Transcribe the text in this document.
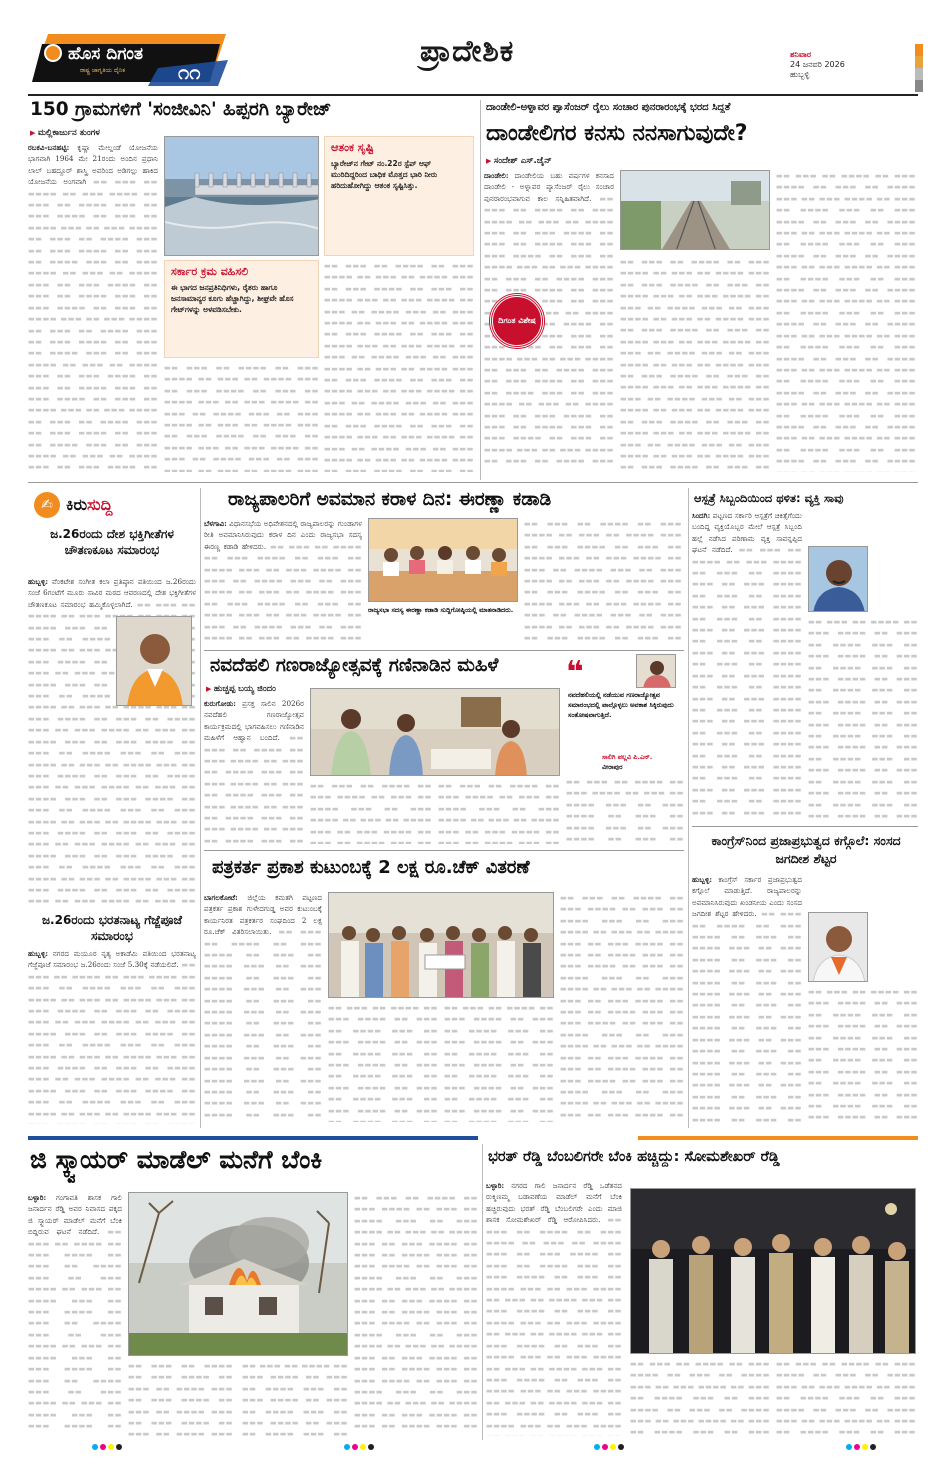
ಹೊಸ ದಿಗಂತ
ರಾಷ್ಟ್ರ ಜಾಗೃತಿಯ ದೈನಿಕ	೧೧
ಪ್ರಾದೇಶಿಕ	ಶನಿವಾರ
24 ಜನವರಿ 2026
ಹುಬ್ಬಳ್ಳಿ
150 ಗ್ರಾಮಗಳಿಗೆ 'ಸಂಜೀವಿನಿ' ಹಿಪ್ಪರಗಿ ಬ್ಯಾರೇಜ್
▶ ಮಲ್ಲಿಕಾರ್ಜುನ ತುಂಗಳ
ರಬಕವಿ-ಬನಹಟ್ಟಿ: ಕೃಷ್ಣಾ ಮೇಲ್ದಂಡೆ ಯೋಜನೆಯ ಭಾಗವಾಗಿ 1964 ಮೇ 21ರಂದು ಅಂದಿನ ಪ್ರಧಾನಿ ಲಾಲ್ ಬಹದ್ದೂರ್ ಶಾಸ್ತ್ರಿ ಅವರಿಂದ ಅಡಿಗಲ್ಲು ಹಾಕಿದ ಯೋಜನೆಯ ಅಂಗವಾಗಿ ▬▬ ▬▬▬ ▬▬ ▬▬▬▬ ▬▬ ▬▬▬ ▬▬▬▬ ▬▬ ▬▬▬ ▬▬ ▬▬▬▬ ▬▬▬ ▬▬ ▬▬▬ ▬▬▬▬ ▬▬ ▬▬▬ ▬▬ ▬▬▬▬ ▬▬▬ ▬▬ ▬▬▬ ▬▬▬▬ ▬▬ ▬▬▬ ▬▬ ▬▬▬▬ ▬▬▬ ▬▬ ▬▬▬ ▬▬▬▬ ▬▬ ▬▬▬ ▬▬ ▬▬▬▬ ▬▬▬ ▬▬ ▬▬▬ ▬▬▬▬ ▬▬ ▬▬▬ ▬▬ ▬▬▬▬ ▬▬▬ ▬▬ ▬▬▬ ▬▬▬▬ ▬▬ ▬▬▬ ▬▬ ▬▬▬▬ ▬▬▬ ▬▬ ▬▬▬ ▬▬▬▬ ▬▬ ▬▬▬ ▬▬ ▬▬▬▬ ▬▬▬ ▬▬ ▬▬▬ ▬▬▬▬ ▬▬ ▬▬▬ ▬▬ ▬▬▬▬ ▬▬▬ ▬▬ ▬▬▬ ▬▬▬▬ ▬▬ ▬▬▬ ▬▬ ▬▬▬▬ ▬▬▬ ▬▬ ▬▬▬ ▬▬▬▬ ▬▬ ▬▬▬ ▬▬ ▬▬▬▬ ▬▬▬ ▬▬ ▬▬▬ ▬▬▬▬ ▬▬ ▬▬▬ ▬▬ ▬▬▬▬ ▬▬▬ ▬▬ ▬▬▬ ▬▬▬▬ ▬▬ ▬▬▬ ▬▬ ▬▬▬▬ ▬▬▬ ▬▬ ▬▬▬ ▬▬▬▬ ▬▬ ▬▬▬ ▬▬ ▬▬▬▬ ▬▬▬ ▬▬ ▬▬▬ ▬▬▬▬ ▬▬ ▬▬▬ ▬▬ ▬▬▬▬ ▬▬▬ ▬▬ ▬▬▬ ▬▬▬▬ ▬▬ ▬▬▬ ▬▬ ▬▬▬▬ ▬▬▬ ▬▬ ▬▬▬ ▬▬▬▬ ▬▬ ▬▬▬ ▬▬ ▬▬▬▬ ▬▬▬ ▬▬ ▬▬▬ ▬▬▬▬ ▬▬ ▬▬▬ ▬▬ ▬▬▬▬ ▬▬▬ ▬▬ ▬▬▬ ▬▬▬▬ ▬▬ ▬▬▬ ▬▬ ▬▬▬▬ ▬▬▬ ▬▬ ▬▬▬ ▬▬▬▬ ▬▬ ▬▬▬ ▬▬ ▬▬▬▬ ▬▬▬ ▬▬ ▬▬▬ ▬▬▬▬ ▬▬ ▬▬▬ ▬▬ ▬▬▬▬ ▬▬▬ ▬▬ ▬▬▬ ▬▬▬▬ ▬▬ ▬▬▬ ▬▬ ▬▬▬▬ ▬▬▬ ▬▬ ▬▬▬ ▬▬▬▬ ▬▬ ▬▬▬ ▬▬ ▬▬▬▬ ▬▬▬ ▬▬ ▬▬▬ ▬▬▬▬ ▬▬ ▬▬▬ ▬▬ ▬▬▬▬
ಆತಂಕ ಸೃಷ್ಟಿ
ಬ್ಯಾರೇಜ್‌ನ ಗೇಟ್ ನಂ.22ರ ಸ್ಟೆಪ್ ಆಫ್ ಮುರಿದಿದ್ದರಿಂದ ಬಾಧಿಕ ಮೊತ್ತದ ಭಾರಿ ನೀರು ಹರಿದುಹೋಗಿದ್ದು ಆತಂಕ ಸೃಷ್ಟಿಸಿತ್ತು.
ಸರ್ಕಾರ ಕ್ರಮ ವಹಿಸಲಿ
ಈ ಭಾಗದ ಜನಪ್ರತಿನಿಧಿಗಳು, ರೈತರು ಹಾಗೂ ಜನಸಾಮಾನ್ಯರ ಕೂಗು ಹೆಚ್ಚಾಗಿದ್ದು, ಶೀಘ್ರವೇ ಹೊಸ ಗೇಟ್‌ಗಳನ್ನು ಅಳವಡಿಸಬೇಕು.
▬▬ ▬▬▬ ▬▬ ▬▬▬▬ ▬▬ ▬▬▬ ▬▬▬▬ ▬▬ ▬▬▬ ▬▬ ▬▬▬▬ ▬▬▬ ▬▬ ▬▬▬ ▬▬▬▬ ▬▬ ▬▬▬ ▬▬ ▬▬▬▬ ▬▬▬ ▬▬ ▬▬▬ ▬▬▬▬ ▬▬ ▬▬▬ ▬▬ ▬▬▬▬ ▬▬▬ ▬▬ ▬▬▬ ▬▬▬▬ ▬▬ ▬▬▬ ▬▬ ▬▬▬▬ ▬▬▬ ▬▬ ▬▬▬ ▬▬▬▬ ▬▬ ▬▬▬ ▬▬ ▬▬▬▬ ▬▬▬ ▬▬ ▬▬▬ ▬▬▬▬ ▬▬ ▬▬▬ ▬▬ ▬▬▬▬ ▬▬▬ ▬▬ ▬▬▬ ▬▬▬▬ ▬▬ ▬▬▬ ▬▬ ▬▬▬▬ ▬▬▬ ▬▬ ▬▬▬ ▬▬▬▬ ▬▬ ▬▬▬ ▬▬ ▬▬▬▬ ▬▬▬ ▬▬ ▬▬▬ ▬▬▬▬ ▬▬ ▬▬▬ ▬▬ ▬▬▬▬ ▬▬▬ ▬▬ ▬▬▬ ▬▬▬▬ ▬▬ ▬▬▬ ▬▬ ▬▬▬▬ ▬▬▬ ▬▬ ▬▬▬ ▬▬▬▬ ▬▬ ▬▬▬ ▬▬ ▬▬▬▬ ▬▬▬ ▬▬ ▬▬▬ ▬▬▬▬ ▬▬ ▬▬▬ ▬▬ ▬▬▬▬ ▬▬▬ ▬▬ ▬▬▬ ▬▬▬▬ ▬▬ ▬▬▬ ▬▬ ▬▬▬▬ ▬▬▬ ▬▬ ▬▬▬ ▬▬▬▬ ▬▬ ▬▬▬ ▬▬ ▬▬▬▬ ▬▬▬ ▬▬ ▬▬▬ ▬▬▬▬ ▬▬ ▬▬▬ ▬▬ ▬▬▬▬ ▬▬▬ ▬▬ ▬▬▬ ▬▬▬▬ ▬▬ ▬▬▬ ▬▬ ▬▬▬▬ ▬▬▬ ▬▬ ▬▬▬ ▬▬▬▬ ▬▬ ▬▬▬ ▬▬ ▬▬▬▬ ▬▬▬ ▬▬ ▬▬▬ ▬▬▬▬ ▬▬ ▬▬▬ ▬▬ ▬▬▬▬ ▬▬▬ ▬▬ ▬▬▬ ▬▬▬▬ ▬▬ ▬▬▬ ▬▬ ▬▬▬▬ ▬▬▬ ▬▬ ▬▬▬ ▬▬▬▬ ▬▬ ▬▬▬ ▬▬ ▬▬▬▬ ▬▬▬ ▬▬ ▬▬▬ ▬▬▬▬ ▬▬ ▬▬▬ ▬▬ ▬▬▬▬ ▬▬▬ ▬▬ ▬▬▬ ▬▬▬▬ ▬▬ ▬▬▬ ▬▬ ▬▬▬▬ ▬▬▬ ▬▬ ▬▬▬ ▬▬▬▬ ▬▬ ▬▬▬ ▬▬ ▬▬▬▬
▬▬ ▬▬▬ ▬▬ ▬▬▬▬ ▬▬ ▬▬▬ ▬▬▬▬ ▬▬ ▬▬▬ ▬▬ ▬▬▬▬ ▬▬▬ ▬▬ ▬▬▬ ▬▬▬▬ ▬▬ ▬▬▬ ▬▬ ▬▬▬▬ ▬▬▬ ▬▬ ▬▬▬ ▬▬▬▬ ▬▬ ▬▬▬ ▬▬ ▬▬▬▬ ▬▬▬ ▬▬ ▬▬▬ ▬▬▬▬ ▬▬ ▬▬▬ ▬▬ ▬▬▬▬ ▬▬▬ ▬▬ ▬▬▬ ▬▬▬▬ ▬▬ ▬▬▬ ▬▬ ▬▬▬▬ ▬▬▬ ▬▬ ▬▬▬ ▬▬▬▬ ▬▬ ▬▬▬ ▬▬ ▬▬▬▬ ▬▬▬ ▬▬ ▬▬▬ ▬▬▬▬ ▬▬ ▬▬▬ ▬▬ ▬▬▬▬ ▬▬▬ ▬▬ ▬▬▬ ▬▬▬▬ ▬▬ ▬▬▬ ▬▬ ▬▬▬▬ ▬▬▬ ▬▬ ▬▬▬ ▬▬▬▬ ▬▬ ▬▬▬ ▬▬ ▬▬▬▬ ▬▬▬ ▬▬ ▬▬▬ ▬▬▬▬ ▬▬ ▬▬▬ ▬▬ ▬▬▬▬ ▬▬▬ ▬▬ ▬▬▬ ▬▬▬▬ ▬▬ ▬▬▬ ▬▬ ▬▬▬▬ ▬▬▬ ▬▬ ▬▬▬ ▬▬▬▬ ▬▬ ▬▬▬ ▬▬ ▬▬▬▬ ▬▬▬ ▬▬ ▬▬▬ ▬▬▬▬ ▬▬ ▬▬▬ ▬▬ ▬▬▬▬ ▬▬▬ ▬▬ ▬▬▬ ▬▬▬▬ ▬▬ ▬▬▬ ▬▬ ▬▬▬▬ ▬▬▬ ▬▬ ▬▬▬ ▬▬▬▬ ▬▬ ▬▬▬ ▬▬ ▬▬▬▬ ▬▬▬ ▬▬ ▬▬▬ ▬▬▬▬ ▬▬ ▬▬▬ ▬▬ ▬▬▬▬ ▬▬▬ ▬▬ ▬▬▬ ▬▬▬▬ ▬▬ ▬▬▬ ▬▬ ▬▬▬▬ ▬▬▬ ▬▬ ▬▬▬ ▬▬▬▬ ▬▬ ▬▬▬ ▬▬ ▬▬▬▬ ▬▬▬ ▬▬ ▬▬▬ ▬▬▬▬ ▬▬ ▬▬▬ ▬▬ ▬▬▬▬ ▬▬▬ ▬▬ ▬▬▬ ▬▬▬▬ ▬▬ ▬▬▬ ▬▬ ▬▬▬▬ ▬▬▬ ▬▬ ▬▬▬ ▬▬▬▬ ▬▬ ▬▬▬ ▬▬ ▬▬▬▬ ▬▬▬ ▬▬ ▬▬▬ ▬▬▬▬ ▬▬ ▬▬▬ ▬▬ ▬▬▬▬ ▬▬▬ ▬▬ ▬▬▬ ▬▬▬▬ ▬▬ ▬▬▬ ▬▬ ▬▬▬▬
ದಾಂಡೇಲಿ-ಅಳ್ನಾವರ ಪ್ಯಾಸೆಂಜರ್ ರೈಲು ಸಂಚಾರ ಪುನರಾರಂಭಕ್ಕೆ ಭರದ ಸಿದ್ಧತೆ
ದಾಂಡೇಲಿಗರ ಕನಸು ನನಸಾಗುವುದೇ?
▶ ಸಂದೇಶ್ ಎಸ್.ಜೈನ್
ದಾಂಡೇಲಿ: ದಾಂಡೇಲಿಯ ಬಹು ವರ್ಷಗಳ ಕನಸಾದ ದಾಂಡೇಲಿ - ಅಳ್ನಾವರ ಪ್ಯಾಸೆಂಜರ್ ರೈಲು ಸಂಚಾರ ಪುನರಾರಂಭವಾಗುವ ಕಾಲ ಸನ್ನಿಹಿತವಾಗಿದೆ. ▬▬ ▬▬▬ ▬▬ ▬▬▬▬ ▬▬ ▬▬▬ ▬▬▬▬ ▬▬ ▬▬▬ ▬▬ ▬▬▬▬ ▬▬▬ ▬▬ ▬▬▬ ▬▬▬▬ ▬▬ ▬▬▬ ▬▬ ▬▬▬▬ ▬▬▬ ▬▬ ▬▬▬ ▬▬▬▬ ▬▬ ▬▬▬ ▬▬ ▬▬▬▬ ▬▬▬ ▬▬ ▬▬▬ ▬▬▬▬ ▬▬ ▬▬▬ ▬▬ ▬▬▬▬ ▬▬▬ ▬▬ ▬▬▬ ▬▬▬▬ ▬▬ ▬▬▬ ▬▬ ▬▬▬▬ ▬▬▬ ▬▬ ▬▬▬ ▬▬▬▬ ▬▬ ▬▬▬ ▬▬ ▬▬▬▬ ▬▬▬ ▬▬ ▬▬▬ ▬▬▬▬ ▬▬ ▬▬▬ ▬▬ ▬▬▬▬ ▬▬▬ ▬▬ ▬▬▬ ▬▬▬▬ ▬▬ ▬▬▬ ▬▬ ▬▬▬▬ ▬▬▬ ▬▬ ▬▬▬ ▬▬▬▬ ▬▬ ▬▬▬ ▬▬ ▬▬▬▬ ▬▬▬ ▬▬ ▬▬▬ ▬▬▬▬ ▬▬ ▬▬▬ ▬▬ ▬▬▬▬ ▬▬▬ ▬▬ ▬▬▬ ▬▬▬▬ ▬▬ ▬▬▬ ▬▬ ▬▬▬▬ ▬▬▬ ▬▬ ▬▬▬ ▬▬▬▬ ▬▬ ▬▬▬ ▬▬ ▬▬▬▬ ▬▬▬ ▬▬ ▬▬▬ ▬▬▬▬ ▬▬ ▬▬▬ ▬▬ ▬▬▬▬ ▬▬▬ ▬▬ ▬▬▬ ▬▬▬▬ ▬▬ ▬▬▬ ▬▬ ▬▬▬▬ ▬▬▬ ▬▬ ▬▬▬ ▬▬▬▬ ▬▬ ▬▬▬ ▬▬ ▬▬▬▬ ▬▬▬ ▬▬ ▬▬▬ ▬▬▬▬ ▬▬ ▬▬▬ ▬▬ ▬▬▬▬ ▬▬▬ ▬▬ ▬▬▬ ▬▬▬▬ ▬▬ ▬▬▬ ▬▬ ▬▬▬▬ ▬▬▬ ▬▬ ▬▬▬ ▬▬▬▬ ▬▬ ▬▬▬ ▬▬ ▬▬▬▬ ▬▬▬ ▬▬ ▬▬▬ ▬▬▬▬ ▬▬ ▬▬▬ ▬▬ ▬▬▬▬ ▬▬▬ ▬▬ ▬▬▬ ▬▬▬▬ ▬▬ ▬▬▬ ▬▬ ▬▬▬▬ ▬▬▬ ▬▬ ▬▬▬ ▬▬▬▬ ▬▬ ▬▬▬ ▬▬ ▬▬▬▬ ▬▬▬ ▬▬ ▬▬▬ ▬▬▬▬ ▬▬ ▬▬▬ ▬▬ ▬▬▬▬ ▬▬▬ ▬▬ ▬▬▬ ▬▬▬▬ ▬▬ ▬▬▬ ▬▬ ▬▬▬▬
ದಿಗಂತ ವಿಶೇಷ
▬▬ ▬▬▬ ▬▬ ▬▬▬▬ ▬▬ ▬▬▬ ▬▬▬▬ ▬▬ ▬▬▬ ▬▬ ▬▬▬▬ ▬▬▬ ▬▬ ▬▬▬ ▬▬▬▬ ▬▬ ▬▬▬ ▬▬ ▬▬▬▬ ▬▬▬ ▬▬ ▬▬▬ ▬▬▬▬ ▬▬ ▬▬▬ ▬▬ ▬▬▬▬ ▬▬▬ ▬▬ ▬▬▬ ▬▬▬▬ ▬▬ ▬▬▬ ▬▬ ▬▬▬▬ ▬▬▬ ▬▬ ▬▬▬ ▬▬▬▬ ▬▬ ▬▬▬ ▬▬ ▬▬▬▬ ▬▬▬ ▬▬ ▬▬▬ ▬▬▬▬ ▬▬ ▬▬▬ ▬▬ ▬▬▬▬ ▬▬▬ ▬▬ ▬▬▬ ▬▬▬▬ ▬▬ ▬▬▬ ▬▬ ▬▬▬▬ ▬▬▬ ▬▬ ▬▬▬ ▬▬▬▬ ▬▬ ▬▬▬ ▬▬ ▬▬▬▬ ▬▬▬ ▬▬ ▬▬▬ ▬▬▬▬ ▬▬ ▬▬▬ ▬▬ ▬▬▬▬ ▬▬▬ ▬▬ ▬▬▬ ▬▬▬▬ ▬▬ ▬▬▬ ▬▬ ▬▬▬▬ ▬▬▬ ▬▬ ▬▬▬ ▬▬▬▬ ▬▬ ▬▬▬ ▬▬ ▬▬▬▬ ▬▬▬ ▬▬ ▬▬▬ ▬▬▬▬ ▬▬ ▬▬▬ ▬▬ ▬▬▬▬ ▬▬▬ ▬▬ ▬▬▬ ▬▬▬▬ ▬▬ ▬▬▬ ▬▬ ▬▬▬▬ ▬▬▬ ▬▬ ▬▬▬ ▬▬▬▬ ▬▬ ▬▬▬ ▬▬ ▬▬▬▬ ▬▬▬ ▬▬ ▬▬▬ ▬▬▬▬ ▬▬ ▬▬▬ ▬▬ ▬▬▬▬ ▬▬▬ ▬▬ ▬▬▬ ▬▬▬▬ ▬▬ ▬▬▬ ▬▬ ▬▬▬▬ ▬▬▬ ▬▬ ▬▬▬ ▬▬▬▬ ▬▬ ▬▬▬ ▬▬ ▬▬▬▬ ▬▬▬ ▬▬ ▬▬▬ ▬▬▬▬ ▬▬ ▬▬▬ ▬▬ ▬▬▬▬ ▬▬▬ ▬▬ ▬▬▬ ▬▬▬▬ ▬▬ ▬▬▬ ▬▬ ▬▬▬▬ ▬▬▬ ▬▬ ▬▬▬ ▬▬▬▬ ▬▬ ▬▬▬ ▬▬ ▬▬▬▬ ▬▬▬ ▬▬ ▬▬▬ ▬▬▬▬ ▬▬ ▬▬▬ ▬▬ ▬▬▬▬ ▬▬▬ ▬▬ ▬▬▬ ▬▬▬▬ ▬▬ ▬▬▬ ▬▬ ▬▬▬▬ ▬▬▬ ▬▬ ▬▬▬ ▬▬▬▬ ▬▬ ▬▬▬ ▬▬ ▬▬▬▬
▬▬ ▬▬▬ ▬▬ ▬▬▬▬ ▬▬ ▬▬▬ ▬▬▬▬ ▬▬ ▬▬▬ ▬▬ ▬▬▬▬ ▬▬▬ ▬▬ ▬▬▬ ▬▬▬▬ ▬▬ ▬▬▬ ▬▬ ▬▬▬▬ ▬▬▬ ▬▬ ▬▬▬ ▬▬▬▬ ▬▬ ▬▬▬ ▬▬ ▬▬▬▬ ▬▬▬ ▬▬ ▬▬▬ ▬▬▬▬ ▬▬ ▬▬▬ ▬▬ ▬▬▬▬ ▬▬▬ ▬▬ ▬▬▬ ▬▬▬▬ ▬▬ ▬▬▬ ▬▬ ▬▬▬▬ ▬▬▬ ▬▬ ▬▬▬ ▬▬▬▬ ▬▬ ▬▬▬ ▬▬ ▬▬▬▬ ▬▬▬ ▬▬ ▬▬▬ ▬▬▬▬ ▬▬ ▬▬▬ ▬▬ ▬▬▬▬ ▬▬▬ ▬▬ ▬▬▬ ▬▬▬▬ ▬▬ ▬▬▬ ▬▬ ▬▬▬▬ ▬▬▬ ▬▬ ▬▬▬ ▬▬▬▬ ▬▬ ▬▬▬ ▬▬ ▬▬▬▬ ▬▬▬ ▬▬ ▬▬▬ ▬▬▬▬ ▬▬ ▬▬▬ ▬▬ ▬▬▬▬ ▬▬▬ ▬▬ ▬▬▬ ▬▬▬▬ ▬▬ ▬▬▬ ▬▬ ▬▬▬▬ ▬▬▬ ▬▬ ▬▬▬ ▬▬▬▬ ▬▬ ▬▬▬ ▬▬ ▬▬▬▬ ▬▬▬ ▬▬ ▬▬▬ ▬▬▬▬ ▬▬ ▬▬▬ ▬▬ ▬▬▬▬ ▬▬▬ ▬▬ ▬▬▬ ▬▬▬▬ ▬▬ ▬▬▬ ▬▬ ▬▬▬▬ ▬▬▬ ▬▬ ▬▬▬ ▬▬▬▬ ▬▬ ▬▬▬ ▬▬ ▬▬▬▬ ▬▬▬ ▬▬ ▬▬▬ ▬▬▬▬ ▬▬ ▬▬▬ ▬▬ ▬▬▬▬ ▬▬▬ ▬▬ ▬▬▬ ▬▬▬▬ ▬▬ ▬▬▬ ▬▬ ▬▬▬▬ ▬▬▬ ▬▬ ▬▬▬ ▬▬▬▬ ▬▬ ▬▬▬ ▬▬ ▬▬▬▬ ▬▬▬ ▬▬ ▬▬▬ ▬▬▬▬ ▬▬ ▬▬▬ ▬▬ ▬▬▬▬ ▬▬▬ ▬▬ ▬▬▬ ▬▬▬▬ ▬▬ ▬▬▬ ▬▬ ▬▬▬▬ ▬▬▬ ▬▬ ▬▬▬ ▬▬▬▬ ▬▬ ▬▬▬ ▬▬ ▬▬▬▬ ▬▬▬ ▬▬ ▬▬▬ ▬▬▬▬ ▬▬ ▬▬▬ ▬▬ ▬▬▬▬ ▬▬▬ ▬▬ ▬▬▬ ▬▬▬▬ ▬▬ ▬▬▬ ▬▬ ▬▬▬▬
✍ ಕಿರುಸುದ್ದಿ
ಜ.26ರಂದು ದೇಶ ಭಕ್ತಿಗೀತೆಗಳ ಚೌತಣಕೂಟ ಸಮಾರಂಭ
ಹುಬ್ಬಳ್ಳಿ: ವೆಂಕಟೇಶ ಸಂಗೀತ ಕಲಾ ಪ್ರತಿಷ್ಠಾನ ವತಿಯಿಂದ ಜ.26ರಂದು ಸಂಜೆ 6ಗಂಟೆಗೆ ಮೂರು ಸಾವಿರ ಮಠದ ಆವರಣದಲ್ಲಿ ದೇಶ ಭಕ್ತಿಗೀತೆಗಳ ಚೌತಣಕೂಟ ಸಮಾರಂಭ ಹಮ್ಮಿಕೊಳ್ಳಲಾಗಿದೆ. ▬▬ ▬▬▬ ▬▬ ▬▬▬▬ ▬▬ ▬▬▬ ▬▬▬▬ ▬▬ ▬▬▬ ▬▬ ▬▬▬▬ ▬▬▬ ▬▬ ▬▬▬ ▬▬▬▬ ▬▬ ▬▬▬ ▬▬ ▬▬▬▬ ▬▬▬ ▬▬ ▬▬▬ ▬▬▬▬ ▬▬ ▬▬▬ ▬▬ ▬▬▬▬ ▬▬▬ ▬▬ ▬▬▬ ▬▬▬▬ ▬▬ ▬▬▬ ▬▬ ▬▬▬▬ ▬▬▬ ▬▬ ▬▬▬ ▬▬▬▬ ▬▬ ▬▬▬ ▬▬ ▬▬▬▬ ▬▬▬ ▬▬ ▬▬▬ ▬▬▬▬ ▬▬ ▬▬▬ ▬▬ ▬▬▬▬ ▬▬▬ ▬▬ ▬▬▬ ▬▬▬▬ ▬▬ ▬▬▬ ▬▬ ▬▬▬▬ ▬▬▬ ▬▬ ▬▬▬ ▬▬▬▬ ▬▬ ▬▬▬ ▬▬ ▬▬▬▬ ▬▬▬ ▬▬ ▬▬▬ ▬▬▬▬ ▬▬ ▬▬▬ ▬▬ ▬▬▬▬ ▬▬▬ ▬▬ ▬▬▬ ▬▬▬▬ ▬▬ ▬▬▬ ▬▬ ▬▬▬▬ ▬▬▬ ▬▬ ▬▬▬ ▬▬▬▬ ▬▬ ▬▬▬ ▬▬ ▬▬▬▬ ▬▬▬ ▬▬ ▬▬▬ ▬▬▬▬ ▬▬ ▬▬▬ ▬▬ ▬▬▬▬ ▬▬▬ ▬▬ ▬▬▬ ▬▬▬▬ ▬▬ ▬▬▬ ▬▬ ▬▬▬▬ ▬▬▬ ▬▬ ▬▬▬ ▬▬▬▬ ▬▬ ▬▬▬ ▬▬ ▬▬▬▬ ▬▬▬ ▬▬ ▬▬▬ ▬▬▬▬ ▬▬ ▬▬▬ ▬▬ ▬▬▬▬ ▬▬▬ ▬▬ ▬▬▬ ▬▬▬▬ ▬▬ ▬▬▬ ▬▬ ▬▬▬▬ ▬▬▬ ▬▬ ▬▬▬ ▬▬▬▬ ▬▬ ▬▬▬ ▬▬ ▬▬▬▬ ▬▬▬ ▬▬ ▬▬▬ ▬▬▬▬ ▬▬ ▬▬▬ ▬▬ ▬▬▬▬ ▬▬▬ ▬▬ ▬▬▬ ▬▬▬▬ ▬▬ ▬▬▬ ▬▬ ▬▬▬▬ ▬▬▬ ▬▬ ▬▬▬ ▬▬▬▬ ▬▬ ▬▬▬ ▬▬ ▬▬▬▬ ▬▬▬ ▬▬ ▬▬▬ ▬▬▬▬ ▬▬ ▬▬▬ ▬▬ ▬▬▬▬ ▬▬▬ ▬▬ ▬▬▬ ▬▬▬▬ ▬▬ ▬▬▬ ▬▬ ▬▬▬▬ ▬▬▬ ▬▬ ▬▬▬ ▬▬▬▬ ▬▬ ▬▬▬ ▬▬ ▬▬▬▬
ಜ.26ರಂದು ಭರತನಾಟ್ಯ ಗೆಜ್ಜೆಪೂಜೆ ಸಮಾರಂಭ
ಹುಬ್ಬಳ್ಳಿ: ನಗರದ ಮಯೂರ ನೃತ್ಯ ಅಕಾಡೆಮಿ ವತಿಯಿಂದ ಭರತನಾಟ್ಯ ಗೆಜ್ಜೆಪೂಜೆ ಸಮಾರಂಭ ಜ.26ರಂದು ಸಂಜೆ 5.30ಕ್ಕೆ ನಡೆಯಲಿದೆ. ▬▬ ▬▬▬ ▬▬ ▬▬▬▬ ▬▬ ▬▬▬ ▬▬▬▬ ▬▬ ▬▬▬ ▬▬ ▬▬▬▬ ▬▬▬ ▬▬ ▬▬▬ ▬▬▬▬ ▬▬ ▬▬▬ ▬▬ ▬▬▬▬ ▬▬▬ ▬▬ ▬▬▬ ▬▬▬▬ ▬▬ ▬▬▬ ▬▬ ▬▬▬▬ ▬▬▬ ▬▬ ▬▬▬ ▬▬▬▬ ▬▬ ▬▬▬ ▬▬ ▬▬▬▬ ▬▬▬ ▬▬ ▬▬▬ ▬▬▬▬ ▬▬ ▬▬▬ ▬▬ ▬▬▬▬ ▬▬▬ ▬▬ ▬▬▬ ▬▬▬▬ ▬▬ ▬▬▬ ▬▬ ▬▬▬▬ ▬▬▬ ▬▬ ▬▬▬ ▬▬▬▬ ▬▬ ▬▬▬ ▬▬ ▬▬▬▬ ▬▬▬ ▬▬ ▬▬▬ ▬▬▬▬ ▬▬ ▬▬▬ ▬▬ ▬▬▬▬ ▬▬▬ ▬▬ ▬▬▬ ▬▬▬▬ ▬▬ ▬▬▬ ▬▬ ▬▬▬▬ ▬▬▬ ▬▬ ▬▬▬ ▬▬▬▬ ▬▬ ▬▬▬ ▬▬ ▬▬▬▬ ▬▬▬ ▬▬ ▬▬▬ ▬▬▬▬ ▬▬ ▬▬▬ ▬▬ ▬▬▬▬ ▬▬▬ ▬▬ ▬▬▬ ▬▬▬▬ ▬▬ ▬▬▬ ▬▬ ▬▬▬▬ ▬▬▬ ▬▬ ▬▬▬ ▬▬▬▬ ▬▬ ▬▬▬ ▬▬ ▬▬▬▬ ▬▬▬ ▬▬ ▬▬▬ ▬▬▬▬ ▬▬ ▬▬▬ ▬▬ ▬▬▬▬ ▬▬▬ ▬▬ ▬▬▬ ▬▬▬▬ ▬▬ ▬▬▬ ▬▬ ▬▬▬▬ ▬▬▬ ▬▬ ▬▬▬ ▬▬▬▬ ▬▬ ▬▬▬ ▬▬ ▬▬▬▬ ▬▬▬ ▬▬ ▬▬▬ ▬▬▬▬ ▬▬ ▬▬▬ ▬▬ ▬▬▬▬ ▬▬▬ ▬▬ ▬▬▬ ▬▬▬▬ ▬▬ ▬▬▬ ▬▬ ▬▬▬▬ ▬▬▬ ▬▬ ▬▬▬ ▬▬▬▬ ▬▬ ▬▬▬ ▬▬ ▬▬▬▬ ▬▬▬ ▬▬ ▬▬▬ ▬▬▬▬ ▬▬ ▬▬▬ ▬▬ ▬▬▬▬ ▬▬▬ ▬▬ ▬▬▬ ▬▬▬▬ ▬▬ ▬▬▬ ▬▬ ▬▬▬▬ ▬▬▬ ▬▬ ▬▬▬ ▬▬▬▬ ▬▬ ▬▬▬ ▬▬ ▬▬▬▬ ▬▬▬ ▬▬ ▬▬▬ ▬▬▬▬ ▬▬ ▬▬▬ ▬▬ ▬▬▬▬
ರಾಜ್ಯಪಾಲರಿಗೆ ಅವಮಾನ ಕರಾಳ ದಿನ: ಈರಣ್ಣಾ ಕಡಾಡಿ
ಬೆಳಗಾವಿ: ವಿಧಾನಸಭೆಯ ಅಧಿವೇಶನದಲ್ಲಿ ರಾಜ್ಯಪಾಲರನ್ನು ಗುಂಡಾಗಳ ರೀತಿ ಅವಮಾನಿಸಿರುವುದು ಕರಾಳ ದಿನ ಎಂದು ರಾಜ್ಯಸಭಾ ಸದಸ್ಯ ಈರಣ್ಣ ಕಡಾಡಿ ಹೇಳಿದರು. ▬▬ ▬▬▬ ▬▬ ▬▬▬▬ ▬▬ ▬▬▬ ▬▬▬▬ ▬▬ ▬▬▬ ▬▬ ▬▬▬▬ ▬▬▬ ▬▬ ▬▬▬ ▬▬▬▬ ▬▬ ▬▬▬ ▬▬ ▬▬▬▬ ▬▬▬ ▬▬ ▬▬▬ ▬▬▬▬ ▬▬ ▬▬▬ ▬▬ ▬▬▬▬ ▬▬▬ ▬▬ ▬▬▬ ▬▬▬▬ ▬▬ ▬▬▬ ▬▬ ▬▬▬▬ ▬▬▬ ▬▬ ▬▬▬ ▬▬▬▬ ▬▬ ▬▬▬ ▬▬ ▬▬▬▬ ▬▬▬ ▬▬ ▬▬▬ ▬▬▬▬ ▬▬ ▬▬▬ ▬▬ ▬▬▬▬ ▬▬▬ ▬▬ ▬▬▬ ▬▬▬▬ ▬▬ ▬▬▬ ▬▬ ▬▬▬▬ ▬▬▬ ▬▬ ▬▬▬ ▬▬▬▬ ▬▬ ▬▬▬ ▬▬ ▬▬▬▬ ▬▬▬ ▬▬ ▬▬▬ ▬▬▬▬ ▬▬ ▬▬▬ ▬▬ ▬▬▬▬ ▬▬▬ ▬▬ ▬▬▬ ▬▬▬▬ ▬▬ ▬▬▬ ▬▬ ▬▬▬▬ ▬▬▬ ▬▬ ▬▬▬ ▬▬▬▬ ▬▬ ▬▬▬ ▬▬ ▬▬▬▬ ▬▬▬ ▬▬ ▬▬▬ ▬▬▬▬ ▬▬ ▬▬▬ ▬▬ ▬▬▬▬ ▬▬▬ ▬▬ ▬▬▬ ▬▬▬▬ ▬▬ ▬▬▬ ▬▬ ▬▬▬▬ ▬▬▬ ▬▬ ▬▬▬ ▬▬▬▬ ▬▬ ▬▬▬ ▬▬ ▬▬▬▬ ▬▬▬ ▬▬ ▬▬▬ ▬▬▬▬ ▬▬ ▬▬▬ ▬▬ ▬▬▬▬ ▬▬▬ ▬▬ ▬▬▬ ▬▬▬▬ ▬▬ ▬▬▬ ▬▬ ▬▬▬▬ ▬▬▬ ▬▬ ▬▬▬ ▬▬▬▬ ▬▬ ▬▬▬ ▬▬ ▬▬▬▬ ▬▬▬ ▬▬ ▬▬▬ ▬▬▬▬ ▬▬ ▬▬▬ ▬▬ ▬▬▬▬ ▬▬▬ ▬▬ ▬▬▬ ▬▬▬▬ ▬▬ ▬▬▬ ▬▬ ▬▬▬▬ ▬▬▬ ▬▬ ▬▬▬ ▬▬▬▬ ▬▬ ▬▬▬ ▬▬ ▬▬▬▬ ▬▬▬ ▬▬ ▬▬▬ ▬▬▬▬ ▬▬ ▬▬▬ ▬▬ ▬▬▬▬ ▬▬▬ ▬▬ ▬▬▬ ▬▬▬▬ ▬▬ ▬▬▬ ▬▬ ▬▬▬▬ ▬▬▬ ▬▬ ▬▬▬ ▬▬▬▬ ▬▬ ▬▬▬ ▬▬ ▬▬▬▬
ರಾಜ್ಯಸಭಾ ಸದಸ್ಯ ಈರಣ್ಣಾ ಕಡಾಡಿ ಸುದ್ದಿಗೋಷ್ಠಿಯಲ್ಲಿ ಮಾತನಾಡಿದರು.
▬▬ ▬▬▬ ▬▬ ▬▬▬▬ ▬▬ ▬▬▬ ▬▬▬▬ ▬▬ ▬▬▬ ▬▬ ▬▬▬▬ ▬▬▬ ▬▬ ▬▬▬ ▬▬▬▬ ▬▬ ▬▬▬ ▬▬ ▬▬▬▬ ▬▬▬ ▬▬ ▬▬▬ ▬▬▬▬ ▬▬ ▬▬▬ ▬▬ ▬▬▬▬ ▬▬▬ ▬▬ ▬▬▬ ▬▬▬▬ ▬▬ ▬▬▬ ▬▬ ▬▬▬▬ ▬▬▬ ▬▬ ▬▬▬ ▬▬▬▬ ▬▬ ▬▬▬ ▬▬ ▬▬▬▬ ▬▬▬ ▬▬ ▬▬▬ ▬▬▬▬ ▬▬ ▬▬▬ ▬▬ ▬▬▬▬ ▬▬▬ ▬▬ ▬▬▬ ▬▬▬▬ ▬▬ ▬▬▬ ▬▬ ▬▬▬▬ ▬▬▬ ▬▬ ▬▬▬ ▬▬▬▬ ▬▬ ▬▬▬ ▬▬ ▬▬▬▬ ▬▬▬ ▬▬ ▬▬▬ ▬▬▬▬ ▬▬ ▬▬▬ ▬▬ ▬▬▬▬ ▬▬▬ ▬▬ ▬▬▬ ▬▬▬▬ ▬▬ ▬▬▬ ▬▬ ▬▬▬▬ ▬▬▬ ▬▬ ▬▬▬ ▬▬▬▬ ▬▬ ▬▬▬ ▬▬ ▬▬▬▬ ▬▬▬ ▬▬ ▬▬▬ ▬▬▬▬ ▬▬ ▬▬▬ ▬▬ ▬▬▬▬ ▬▬▬ ▬▬ ▬▬▬ ▬▬▬▬ ▬▬ ▬▬▬ ▬▬ ▬▬▬▬ ▬▬▬ ▬▬ ▬▬▬ ▬▬▬▬ ▬▬ ▬▬▬ ▬▬ ▬▬▬▬ ▬▬▬ ▬▬ ▬▬▬ ▬▬▬▬ ▬▬ ▬▬▬ ▬▬ ▬▬▬▬ ▬▬▬ ▬▬ ▬▬▬ ▬▬▬▬ ▬▬ ▬▬▬ ▬▬ ▬▬▬▬ ▬▬▬ ▬▬ ▬▬▬ ▬▬▬▬ ▬▬ ▬▬▬ ▬▬ ▬▬▬▬ ▬▬▬ ▬▬ ▬▬▬ ▬▬▬▬ ▬▬ ▬▬▬ ▬▬ ▬▬▬▬ ▬▬▬ ▬▬ ▬▬▬ ▬▬▬▬ ▬▬ ▬▬▬ ▬▬ ▬▬▬▬ ▬▬▬ ▬▬ ▬▬▬ ▬▬▬▬ ▬▬ ▬▬▬ ▬▬ ▬▬▬▬ ▬▬▬ ▬▬ ▬▬▬ ▬▬▬▬ ▬▬ ▬▬▬ ▬▬ ▬▬▬▬ ▬▬▬ ▬▬ ▬▬▬ ▬▬▬▬ ▬▬ ▬▬▬ ▬▬ ▬▬▬▬ ▬▬▬ ▬▬ ▬▬▬ ▬▬▬▬ ▬▬ ▬▬▬ ▬▬ ▬▬▬▬
ನವದೆಹಲಿ ಗಣರಾಜ್ಯೋತ್ಸವಕ್ಕೆ ಗಣಿನಾಡಿನ ಮಹಿಳೆ
▶ ಹುಚ್ಚಪ್ಪ ಬಯ್ಯ ಜಿಂದಂ
ಕುರುಗೋಡು: ಪ್ರಸಕ್ತ ಸಾಲಿನ 2026ರ ನವದೆಹಲಿ ಗಣರಾಜ್ಯೋತ್ಸವ ಕಾರ್ಯಕ್ರಮದಲ್ಲಿ ಭಾಗವಹಿಸಲು ಗಣಿನಾಡಿನ ಮಹಿಳೆಗೆ ಆಹ್ವಾನ ಬಂದಿದೆ. ▬▬ ▬▬▬ ▬▬ ▬▬▬▬ ▬▬ ▬▬▬ ▬▬▬▬ ▬▬ ▬▬▬ ▬▬ ▬▬▬▬ ▬▬▬ ▬▬ ▬▬▬ ▬▬▬▬ ▬▬ ▬▬▬ ▬▬ ▬▬▬▬ ▬▬▬ ▬▬ ▬▬▬ ▬▬▬▬ ▬▬ ▬▬▬ ▬▬ ▬▬▬▬ ▬▬▬ ▬▬ ▬▬▬ ▬▬▬▬ ▬▬ ▬▬▬ ▬▬ ▬▬▬▬ ▬▬▬ ▬▬ ▬▬▬ ▬▬▬▬ ▬▬ ▬▬▬ ▬▬ ▬▬▬▬ ▬▬▬ ▬▬ ▬▬▬ ▬▬▬▬ ▬▬ ▬▬▬ ▬▬ ▬▬▬▬ ▬▬▬ ▬▬ ▬▬▬ ▬▬▬▬ ▬▬ ▬▬▬ ▬▬ ▬▬▬▬ ▬▬▬ ▬▬ ▬▬▬ ▬▬▬▬ ▬▬ ▬▬▬ ▬▬ ▬▬▬▬ ▬▬▬ ▬▬ ▬▬▬ ▬▬▬▬ ▬▬ ▬▬▬ ▬▬ ▬▬▬▬ ▬▬▬ ▬▬ ▬▬▬ ▬▬▬▬ ▬▬ ▬▬▬ ▬▬ ▬▬▬▬ ▬▬▬ ▬▬ ▬▬▬ ▬▬▬▬ ▬▬ ▬▬▬ ▬▬ ▬▬▬▬ ▬▬▬ ▬▬ ▬▬▬ ▬▬▬▬ ▬▬ ▬▬▬ ▬▬ ▬▬▬▬ ▬▬▬ ▬▬ ▬▬▬ ▬▬▬▬ ▬▬ ▬▬▬ ▬▬ ▬▬▬▬ ▬▬▬ ▬▬ ▬▬▬ ▬▬▬▬ ▬▬ ▬▬▬ ▬▬ ▬▬▬▬ ▬▬▬ ▬▬ ▬▬▬ ▬▬▬▬ ▬▬ ▬▬▬ ▬▬ ▬▬▬▬ ▬▬▬ ▬▬ ▬▬▬ ▬▬▬▬ ▬▬ ▬▬▬ ▬▬ ▬▬▬▬ ▬▬▬ ▬▬ ▬▬▬ ▬▬▬▬ ▬▬ ▬▬▬ ▬▬ ▬▬▬▬ ▬▬▬ ▬▬ ▬▬▬ ▬▬▬▬ ▬▬ ▬▬▬ ▬▬ ▬▬▬▬ ▬▬▬ ▬▬ ▬▬▬ ▬▬▬▬ ▬▬ ▬▬▬ ▬▬ ▬▬▬▬ ▬▬▬ ▬▬ ▬▬▬ ▬▬▬▬ ▬▬ ▬▬▬ ▬▬ ▬▬▬▬ ▬▬▬ ▬▬ ▬▬▬ ▬▬▬▬ ▬▬ ▬▬▬ ▬▬ ▬▬▬▬ ▬▬▬ ▬▬ ▬▬▬ ▬▬▬▬ ▬▬ ▬▬▬ ▬▬ ▬▬▬▬ ▬▬▬ ▬▬ ▬▬▬ ▬▬▬▬ ▬▬ ▬▬▬ ▬▬ ▬▬▬▬
▬▬ ▬▬▬ ▬▬ ▬▬▬▬ ▬▬ ▬▬▬ ▬▬▬▬ ▬▬ ▬▬▬ ▬▬ ▬▬▬▬ ▬▬▬ ▬▬ ▬▬▬ ▬▬▬▬ ▬▬ ▬▬▬ ▬▬ ▬▬▬▬ ▬▬▬ ▬▬ ▬▬▬ ▬▬▬▬ ▬▬ ▬▬▬ ▬▬ ▬▬▬▬ ▬▬▬ ▬▬ ▬▬▬ ▬▬▬▬ ▬▬ ▬▬▬ ▬▬ ▬▬▬▬ ▬▬▬ ▬▬ ▬▬▬ ▬▬▬▬ ▬▬ ▬▬▬ ▬▬ ▬▬▬▬ ▬▬▬ ▬▬ ▬▬▬ ▬▬▬▬ ▬▬ ▬▬▬ ▬▬ ▬▬▬▬ ▬▬▬ ▬▬ ▬▬▬ ▬▬▬▬ ▬▬ ▬▬▬ ▬▬ ▬▬▬▬ ▬▬▬ ▬▬ ▬▬▬ ▬▬▬▬ ▬▬ ▬▬▬ ▬▬ ▬▬▬▬ ▬▬▬ ▬▬ ▬▬▬ ▬▬▬▬ ▬▬ ▬▬▬ ▬▬ ▬▬▬▬ ▬▬▬ ▬▬ ▬▬▬ ▬▬▬▬ ▬▬ ▬▬▬ ▬▬ ▬▬▬▬ ▬▬▬ ▬▬ ▬▬▬ ▬▬▬▬ ▬▬ ▬▬▬ ▬▬ ▬▬▬▬ ▬▬▬ ▬▬ ▬▬▬ ▬▬▬▬ ▬▬ ▬▬▬ ▬▬ ▬▬▬▬ ▬▬▬ ▬▬ ▬▬▬ ▬▬▬▬ ▬▬ ▬▬▬ ▬▬ ▬▬▬▬ ▬▬▬ ▬▬ ▬▬▬ ▬▬▬▬ ▬▬ ▬▬▬ ▬▬ ▬▬▬▬ ▬▬▬ ▬▬ ▬▬▬ ▬▬▬▬ ▬▬ ▬▬▬ ▬▬ ▬▬▬▬ ▬▬▬ ▬▬ ▬▬▬ ▬▬▬▬ ▬▬ ▬▬▬ ▬▬ ▬▬▬▬ ▬▬▬ ▬▬ ▬▬▬ ▬▬▬▬ ▬▬ ▬▬▬ ▬▬ ▬▬▬▬ ▬▬▬ ▬▬ ▬▬▬ ▬▬▬▬ ▬▬ ▬▬▬ ▬▬ ▬▬▬▬ ▬▬▬ ▬▬ ▬▬▬ ▬▬▬▬ ▬▬ ▬▬▬ ▬▬ ▬▬▬▬ ▬▬▬ ▬▬ ▬▬▬ ▬▬▬▬ ▬▬ ▬▬▬ ▬▬ ▬▬▬▬ ▬▬▬ ▬▬ ▬▬▬ ▬▬▬▬ ▬▬ ▬▬▬ ▬▬ ▬▬▬▬ ▬▬▬ ▬▬ ▬▬▬ ▬▬▬▬ ▬▬ ▬▬▬ ▬▬ ▬▬▬▬ ▬▬▬ ▬▬ ▬▬▬ ▬▬▬▬ ▬▬ ▬▬▬ ▬▬ ▬▬▬▬
▬▬ ▬▬▬ ▬▬ ▬▬▬▬ ▬▬ ▬▬▬ ▬▬▬▬ ▬▬ ▬▬▬ ▬▬ ▬▬▬▬ ▬▬▬ ▬▬ ▬▬▬ ▬▬▬▬ ▬▬ ▬▬▬ ▬▬ ▬▬▬▬ ▬▬▬ ▬▬ ▬▬▬ ▬▬▬▬ ▬▬ ▬▬▬ ▬▬ ▬▬▬▬ ▬▬▬ ▬▬ ▬▬▬ ▬▬▬▬ ▬▬ ▬▬▬ ▬▬ ▬▬▬▬ ▬▬▬ ▬▬ ▬▬▬ ▬▬▬▬ ▬▬ ▬▬▬ ▬▬ ▬▬▬▬ ▬▬▬ ▬▬ ▬▬▬ ▬▬▬▬ ▬▬ ▬▬▬ ▬▬ ▬▬▬▬ ▬▬▬ ▬▬ ▬▬▬ ▬▬▬▬ ▬▬ ▬▬▬ ▬▬ ▬▬▬▬ ▬▬▬ ▬▬ ▬▬▬ ▬▬▬▬ ▬▬ ▬▬▬ ▬▬ ▬▬▬▬ ▬▬▬ ▬▬ ▬▬▬ ▬▬▬▬ ▬▬ ▬▬▬ ▬▬ ▬▬▬▬ ▬▬▬ ▬▬ ▬▬▬ ▬▬▬▬ ▬▬ ▬▬▬ ▬▬ ▬▬▬▬ ▬▬▬ ▬▬ ▬▬▬ ▬▬▬▬ ▬▬ ▬▬▬ ▬▬ ▬▬▬▬ ▬▬▬ ▬▬ ▬▬▬ ▬▬▬▬ ▬▬ ▬▬▬ ▬▬ ▬▬▬▬ ▬▬▬ ▬▬ ▬▬▬ ▬▬▬▬ ▬▬ ▬▬▬ ▬▬ ▬▬▬▬ ▬▬▬ ▬▬ ▬▬▬ ▬▬▬▬ ▬▬ ▬▬▬ ▬▬ ▬▬▬▬ ▬▬▬ ▬▬ ▬▬▬ ▬▬▬▬ ▬▬ ▬▬▬ ▬▬ ▬▬▬▬ ▬▬▬ ▬▬ ▬▬▬ ▬▬▬▬ ▬▬ ▬▬▬ ▬▬ ▬▬▬▬ ▬▬▬ ▬▬ ▬▬▬ ▬▬▬▬ ▬▬ ▬▬▬ ▬▬ ▬▬▬▬ ▬▬▬ ▬▬ ▬▬▬ ▬▬▬▬ ▬▬ ▬▬▬ ▬▬ ▬▬▬▬ ▬▬▬ ▬▬ ▬▬▬ ▬▬▬▬ ▬▬ ▬▬▬ ▬▬ ▬▬▬▬ ▬▬▬ ▬▬ ▬▬▬ ▬▬▬▬ ▬▬ ▬▬▬ ▬▬ ▬▬▬▬ ▬▬▬ ▬▬ ▬▬▬ ▬▬▬▬ ▬▬ ▬▬▬ ▬▬ ▬▬▬▬ ▬▬▬ ▬▬ ▬▬▬ ▬▬▬▬ ▬▬ ▬▬▬ ▬▬ ▬▬▬▬ ▬▬▬ ▬▬ ▬▬▬ ▬▬▬▬ ▬▬ ▬▬▬ ▬▬ ▬▬▬▬
❝
ನವದೆಹಲಿಯಲ್ಲಿ ನಡೆಯುವ ಗಣರಾಜ್ಯೋತ್ಸವ ಸಮಾರಂಭದಲ್ಲಿ ಪಾಲ್ಗೊಳ್ಳಲು ಅವಕಾಶ ಸಿಕ್ಕಿರುವುದು ಸಂತೋಷವಾಗುತ್ತಿದೆ.
ಸಾಲಿಗಿ ಪಲ್ಲವಿ ಪಿ.ಎನ್.
ವೀರಾಪುರ
▬▬ ▬▬▬ ▬▬ ▬▬▬▬ ▬▬ ▬▬▬ ▬▬▬▬ ▬▬ ▬▬▬ ▬▬ ▬▬▬▬ ▬▬▬ ▬▬ ▬▬▬ ▬▬▬▬ ▬▬ ▬▬▬ ▬▬ ▬▬▬▬ ▬▬▬ ▬▬ ▬▬▬ ▬▬▬▬ ▬▬ ▬▬▬ ▬▬ ▬▬▬▬ ▬▬▬ ▬▬ ▬▬▬ ▬▬▬▬ ▬▬ ▬▬▬ ▬▬ ▬▬▬▬ ▬▬▬ ▬▬ ▬▬▬ ▬▬▬▬ ▬▬ ▬▬▬ ▬▬ ▬▬▬▬ ▬▬▬ ▬▬ ▬▬▬ ▬▬▬▬ ▬▬ ▬▬▬ ▬▬ ▬▬▬▬ ▬▬▬ ▬▬ ▬▬▬ ▬▬▬▬ ▬▬ ▬▬▬ ▬▬ ▬▬▬▬ ▬▬▬ ▬▬ ▬▬▬ ▬▬▬▬ ▬▬ ▬▬▬ ▬▬ ▬▬▬▬ ▬▬▬ ▬▬ ▬▬▬ ▬▬▬▬ ▬▬ ▬▬▬ ▬▬ ▬▬▬▬ ▬▬▬ ▬▬ ▬▬▬ ▬▬▬▬ ▬▬ ▬▬▬ ▬▬ ▬▬▬▬ ▬▬▬ ▬▬ ▬▬▬ ▬▬▬▬ ▬▬ ▬▬▬ ▬▬ ▬▬▬▬ ▬▬▬ ▬▬ ▬▬▬ ▬▬▬▬ ▬▬ ▬▬▬ ▬▬ ▬▬▬▬ ▬▬▬ ▬▬ ▬▬▬ ▬▬▬▬ ▬▬ ▬▬▬ ▬▬ ▬▬▬▬ ▬▬▬ ▬▬ ▬▬▬ ▬▬▬▬ ▬▬ ▬▬▬ ▬▬ ▬▬▬▬ ▬▬▬ ▬▬ ▬▬▬ ▬▬▬▬ ▬▬ ▬▬▬ ▬▬ ▬▬▬▬ ▬▬▬ ▬▬ ▬▬▬ ▬▬▬▬ ▬▬ ▬▬▬ ▬▬ ▬▬▬▬ ▬▬▬ ▬▬ ▬▬▬ ▬▬▬▬ ▬▬ ▬▬▬ ▬▬ ▬▬▬▬ ▬▬▬ ▬▬ ▬▬▬ ▬▬▬▬ ▬▬ ▬▬▬ ▬▬ ▬▬▬▬ ▬▬▬ ▬▬ ▬▬▬ ▬▬▬▬ ▬▬ ▬▬▬ ▬▬ ▬▬▬▬ ▬▬▬ ▬▬ ▬▬▬ ▬▬▬▬ ▬▬ ▬▬▬ ▬▬ ▬▬▬▬ ▬▬▬ ▬▬ ▬▬▬ ▬▬▬▬ ▬▬ ▬▬▬ ▬▬ ▬▬▬▬ ▬▬▬ ▬▬ ▬▬▬ ▬▬▬▬ ▬▬ ▬▬▬ ▬▬ ▬▬▬▬ ▬▬▬ ▬▬ ▬▬▬ ▬▬▬▬ ▬▬ ▬▬▬ ▬▬ ▬▬▬▬
ಆಸ್ಪತ್ರೆ ಸಿಬ್ಬಂದಿಯಿಂದ ಥಳಿತ: ವ್ಯಕ್ತಿ ಸಾವು
ಸಿಂದಗಿ: ಪಟ್ಟಣದ ಸರ್ಕಾರಿ ಆಸ್ಪತ್ರೆಗೆ ಚಿಕಿತ್ಸೆಗೆಂದು ಬಂದಿದ್ದ ವ್ಯಕ್ತಿಯೊಬ್ಬರ ಮೇಲೆ ಆಸ್ಪತ್ರೆ ಸಿಬ್ಬಂದಿ ಹಲ್ಲೆ ನಡೆಸಿದ ಪರಿಣಾಮ ವ್ಯಕ್ತಿ ಸಾವನ್ನಪ್ಪಿದ ಘಟನೆ ನಡೆದಿದೆ. ▬▬ ▬▬▬ ▬▬ ▬▬▬▬ ▬▬ ▬▬▬ ▬▬▬▬ ▬▬ ▬▬▬ ▬▬ ▬▬▬▬ ▬▬▬ ▬▬ ▬▬▬ ▬▬▬▬ ▬▬ ▬▬▬ ▬▬ ▬▬▬▬ ▬▬▬ ▬▬ ▬▬▬ ▬▬▬▬ ▬▬ ▬▬▬ ▬▬ ▬▬▬▬ ▬▬▬ ▬▬ ▬▬▬ ▬▬▬▬ ▬▬ ▬▬▬ ▬▬ ▬▬▬▬ ▬▬▬ ▬▬ ▬▬▬ ▬▬▬▬ ▬▬ ▬▬▬ ▬▬ ▬▬▬▬ ▬▬▬ ▬▬ ▬▬▬ ▬▬▬▬ ▬▬ ▬▬▬ ▬▬ ▬▬▬▬ ▬▬▬ ▬▬ ▬▬▬ ▬▬▬▬ ▬▬ ▬▬▬ ▬▬ ▬▬▬▬ ▬▬▬ ▬▬ ▬▬▬ ▬▬▬▬ ▬▬ ▬▬▬ ▬▬ ▬▬▬▬ ▬▬▬ ▬▬ ▬▬▬ ▬▬▬▬ ▬▬ ▬▬▬ ▬▬ ▬▬▬▬ ▬▬▬ ▬▬ ▬▬▬ ▬▬▬▬ ▬▬ ▬▬▬ ▬▬ ▬▬▬▬ ▬▬▬ ▬▬ ▬▬▬ ▬▬▬▬ ▬▬ ▬▬▬ ▬▬ ▬▬▬▬ ▬▬▬ ▬▬ ▬▬▬ ▬▬▬▬ ▬▬ ▬▬▬ ▬▬ ▬▬▬▬ ▬▬▬ ▬▬ ▬▬▬ ▬▬▬▬ ▬▬ ▬▬▬ ▬▬ ▬▬▬▬ ▬▬▬ ▬▬ ▬▬▬ ▬▬▬▬ ▬▬ ▬▬▬ ▬▬ ▬▬▬▬ ▬▬▬ ▬▬ ▬▬▬ ▬▬▬▬ ▬▬ ▬▬▬ ▬▬ ▬▬▬▬ ▬▬▬ ▬▬ ▬▬▬ ▬▬▬▬ ▬▬ ▬▬▬ ▬▬ ▬▬▬▬ ▬▬▬ ▬▬ ▬▬▬ ▬▬▬▬ ▬▬ ▬▬▬ ▬▬ ▬▬▬▬ ▬▬▬ ▬▬ ▬▬▬ ▬▬▬▬ ▬▬ ▬▬▬ ▬▬ ▬▬▬▬ ▬▬▬ ▬▬ ▬▬▬ ▬▬▬▬ ▬▬ ▬▬▬ ▬▬ ▬▬▬▬ ▬▬▬ ▬▬ ▬▬▬ ▬▬▬▬ ▬▬ ▬▬▬ ▬▬ ▬▬▬▬ ▬▬▬ ▬▬ ▬▬▬ ▬▬▬▬ ▬▬ ▬▬▬ ▬▬ ▬▬▬▬ ▬▬▬ ▬▬ ▬▬▬ ▬▬▬▬ ▬▬ ▬▬▬ ▬▬ ▬▬▬▬ ▬▬▬ ▬▬ ▬▬▬ ▬▬▬▬ ▬▬ ▬▬▬ ▬▬ ▬▬▬▬
▬▬ ▬▬▬ ▬▬ ▬▬▬▬ ▬▬ ▬▬▬ ▬▬▬▬ ▬▬ ▬▬▬ ▬▬ ▬▬▬▬ ▬▬▬ ▬▬ ▬▬▬ ▬▬▬▬ ▬▬ ▬▬▬ ▬▬ ▬▬▬▬ ▬▬▬ ▬▬ ▬▬▬ ▬▬▬▬ ▬▬ ▬▬▬ ▬▬ ▬▬▬▬ ▬▬▬ ▬▬ ▬▬▬ ▬▬▬▬ ▬▬ ▬▬▬ ▬▬ ▬▬▬▬ ▬▬▬ ▬▬ ▬▬▬ ▬▬▬▬ ▬▬ ▬▬▬ ▬▬ ▬▬▬▬ ▬▬▬ ▬▬ ▬▬▬ ▬▬▬▬ ▬▬ ▬▬▬ ▬▬ ▬▬▬▬ ▬▬▬ ▬▬ ▬▬▬ ▬▬▬▬ ▬▬ ▬▬▬ ▬▬ ▬▬▬▬ ▬▬▬ ▬▬ ▬▬▬ ▬▬▬▬ ▬▬ ▬▬▬ ▬▬ ▬▬▬▬ ▬▬▬ ▬▬ ▬▬▬ ▬▬▬▬ ▬▬ ▬▬▬ ▬▬ ▬▬▬▬ ▬▬▬ ▬▬ ▬▬▬ ▬▬▬▬ ▬▬ ▬▬▬ ▬▬ ▬▬▬▬ ▬▬▬ ▬▬ ▬▬▬ ▬▬▬▬ ▬▬ ▬▬▬ ▬▬ ▬▬▬▬ ▬▬▬ ▬▬ ▬▬▬ ▬▬▬▬ ▬▬ ▬▬▬ ▬▬ ▬▬▬▬ ▬▬▬ ▬▬ ▬▬▬ ▬▬▬▬ ▬▬ ▬▬▬ ▬▬ ▬▬▬▬ ▬▬▬ ▬▬ ▬▬▬ ▬▬▬▬ ▬▬ ▬▬▬ ▬▬ ▬▬▬▬ ▬▬▬ ▬▬ ▬▬▬ ▬▬▬▬ ▬▬ ▬▬▬ ▬▬ ▬▬▬▬ ▬▬▬ ▬▬ ▬▬▬ ▬▬▬▬ ▬▬ ▬▬▬ ▬▬ ▬▬▬▬ ▬▬▬ ▬▬ ▬▬▬ ▬▬▬▬ ▬▬ ▬▬▬ ▬▬ ▬▬▬▬ ▬▬▬ ▬▬ ▬▬▬ ▬▬▬▬ ▬▬ ▬▬▬ ▬▬ ▬▬▬▬ ▬▬▬ ▬▬ ▬▬▬ ▬▬▬▬ ▬▬ ▬▬▬ ▬▬ ▬▬▬▬ ▬▬▬ ▬▬ ▬▬▬ ▬▬▬▬ ▬▬ ▬▬▬ ▬▬ ▬▬▬▬ ▬▬▬ ▬▬ ▬▬▬ ▬▬▬▬ ▬▬ ▬▬▬ ▬▬ ▬▬▬▬ ▬▬▬ ▬▬ ▬▬▬ ▬▬▬▬ ▬▬ ▬▬▬ ▬▬ ▬▬▬▬ ▬▬▬ ▬▬ ▬▬▬ ▬▬▬▬ ▬▬ ▬▬▬ ▬▬ ▬▬▬▬
ಕಾಂಗ್ರೆಸ್‌ನಿಂದ ಪ್ರಜಾಪ್ರಭುತ್ವದ ಕಗ್ಗೊಲೆ: ಸಂಸದ ಜಗದೀಶ ಶೆಟ್ಟರ
ಹುಬ್ಬಳ್ಳಿ: ಕಾಂಗ್ರೆಸ್ ಸರ್ಕಾರ ಪ್ರಜಾಪ್ರಭುತ್ವದ ಕಗ್ಗೊಲೆ ಮಾಡುತ್ತಿದೆ. ರಾಜ್ಯಪಾಲರನ್ನು ಅವಮಾನಿಸಿರುವುದು ಖಂಡನೀಯ ಎಂದು ಸಂಸದ ಜಗದೀಶ ಶೆಟ್ಟರ ಹೇಳಿದರು. ▬▬ ▬▬▬ ▬▬ ▬▬▬▬ ▬▬ ▬▬▬ ▬▬▬▬ ▬▬ ▬▬▬ ▬▬ ▬▬▬▬ ▬▬▬ ▬▬ ▬▬▬ ▬▬▬▬ ▬▬ ▬▬▬ ▬▬ ▬▬▬▬ ▬▬▬ ▬▬ ▬▬▬ ▬▬▬▬ ▬▬ ▬▬▬ ▬▬ ▬▬▬▬ ▬▬▬ ▬▬ ▬▬▬ ▬▬▬▬ ▬▬ ▬▬▬ ▬▬ ▬▬▬▬ ▬▬▬ ▬▬ ▬▬▬ ▬▬▬▬ ▬▬ ▬▬▬ ▬▬ ▬▬▬▬ ▬▬▬ ▬▬ ▬▬▬ ▬▬▬▬ ▬▬ ▬▬▬ ▬▬ ▬▬▬▬ ▬▬▬ ▬▬ ▬▬▬ ▬▬▬▬ ▬▬ ▬▬▬ ▬▬ ▬▬▬▬ ▬▬▬ ▬▬ ▬▬▬ ▬▬▬▬ ▬▬ ▬▬▬ ▬▬ ▬▬▬▬ ▬▬▬ ▬▬ ▬▬▬ ▬▬▬▬ ▬▬ ▬▬▬ ▬▬ ▬▬▬▬ ▬▬▬ ▬▬ ▬▬▬ ▬▬▬▬ ▬▬ ▬▬▬ ▬▬ ▬▬▬▬ ▬▬▬ ▬▬ ▬▬▬ ▬▬▬▬ ▬▬ ▬▬▬ ▬▬ ▬▬▬▬ ▬▬▬ ▬▬ ▬▬▬ ▬▬▬▬ ▬▬ ▬▬▬ ▬▬ ▬▬▬▬ ▬▬▬ ▬▬ ▬▬▬ ▬▬▬▬ ▬▬ ▬▬▬ ▬▬ ▬▬▬▬ ▬▬▬ ▬▬ ▬▬▬ ▬▬▬▬ ▬▬ ▬▬▬ ▬▬ ▬▬▬▬ ▬▬▬ ▬▬ ▬▬▬ ▬▬▬▬ ▬▬ ▬▬▬ ▬▬ ▬▬▬▬ ▬▬▬ ▬▬ ▬▬▬ ▬▬▬▬ ▬▬ ▬▬▬ ▬▬ ▬▬▬▬ ▬▬▬ ▬▬ ▬▬▬ ▬▬▬▬ ▬▬ ▬▬▬ ▬▬ ▬▬▬▬ ▬▬▬ ▬▬ ▬▬▬ ▬▬▬▬ ▬▬ ▬▬▬ ▬▬ ▬▬▬▬ ▬▬▬ ▬▬ ▬▬▬ ▬▬▬▬ ▬▬ ▬▬▬ ▬▬ ▬▬▬▬ ▬▬▬ ▬▬ ▬▬▬ ▬▬▬▬ ▬▬ ▬▬▬ ▬▬ ▬▬▬▬ ▬▬▬ ▬▬ ▬▬▬ ▬▬▬▬ ▬▬ ▬▬▬ ▬▬ ▬▬▬▬ ▬▬▬ ▬▬ ▬▬▬ ▬▬▬▬ ▬▬ ▬▬▬ ▬▬ ▬▬▬▬ ▬▬▬ ▬▬ ▬▬▬ ▬▬▬▬ ▬▬ ▬▬▬ ▬▬ ▬▬▬▬
▬▬ ▬▬▬ ▬▬ ▬▬▬▬ ▬▬ ▬▬▬ ▬▬▬▬ ▬▬ ▬▬▬ ▬▬ ▬▬▬▬ ▬▬▬ ▬▬ ▬▬▬ ▬▬▬▬ ▬▬ ▬▬▬ ▬▬ ▬▬▬▬ ▬▬▬ ▬▬ ▬▬▬ ▬▬▬▬ ▬▬ ▬▬▬ ▬▬ ▬▬▬▬ ▬▬▬ ▬▬ ▬▬▬ ▬▬▬▬ ▬▬ ▬▬▬ ▬▬ ▬▬▬▬ ▬▬▬ ▬▬ ▬▬▬ ▬▬▬▬ ▬▬ ▬▬▬ ▬▬ ▬▬▬▬ ▬▬▬ ▬▬ ▬▬▬ ▬▬▬▬ ▬▬ ▬▬▬ ▬▬ ▬▬▬▬ ▬▬▬ ▬▬ ▬▬▬ ▬▬▬▬ ▬▬ ▬▬▬ ▬▬ ▬▬▬▬ ▬▬▬ ▬▬ ▬▬▬ ▬▬▬▬ ▬▬ ▬▬▬ ▬▬ ▬▬▬▬ ▬▬▬ ▬▬ ▬▬▬ ▬▬▬▬ ▬▬ ▬▬▬ ▬▬ ▬▬▬▬ ▬▬▬ ▬▬ ▬▬▬ ▬▬▬▬ ▬▬ ▬▬▬ ▬▬ ▬▬▬▬ ▬▬▬ ▬▬ ▬▬▬ ▬▬▬▬ ▬▬ ▬▬▬ ▬▬ ▬▬▬▬ ▬▬▬ ▬▬ ▬▬▬ ▬▬▬▬ ▬▬ ▬▬▬ ▬▬ ▬▬▬▬ ▬▬▬ ▬▬ ▬▬▬ ▬▬▬▬ ▬▬ ▬▬▬ ▬▬ ▬▬▬▬ ▬▬▬ ▬▬ ▬▬▬ ▬▬▬▬ ▬▬ ▬▬▬ ▬▬ ▬▬▬▬ ▬▬▬ ▬▬ ▬▬▬ ▬▬▬▬ ▬▬ ▬▬▬ ▬▬ ▬▬▬▬ ▬▬▬ ▬▬ ▬▬▬ ▬▬▬▬ ▬▬ ▬▬▬ ▬▬ ▬▬▬▬ ▬▬▬ ▬▬ ▬▬▬ ▬▬▬▬ ▬▬ ▬▬▬ ▬▬ ▬▬▬▬ ▬▬▬ ▬▬ ▬▬▬ ▬▬▬▬ ▬▬ ▬▬▬ ▬▬ ▬▬▬▬ ▬▬▬ ▬▬ ▬▬▬ ▬▬▬▬ ▬▬ ▬▬▬ ▬▬ ▬▬▬▬ ▬▬▬ ▬▬ ▬▬▬ ▬▬▬▬ ▬▬ ▬▬▬ ▬▬ ▬▬▬▬ ▬▬▬ ▬▬ ▬▬▬ ▬▬▬▬ ▬▬ ▬▬▬ ▬▬ ▬▬▬▬ ▬▬▬ ▬▬ ▬▬▬ ▬▬▬▬ ▬▬ ▬▬▬ ▬▬ ▬▬▬▬ ▬▬▬ ▬▬ ▬▬▬ ▬▬▬▬ ▬▬ ▬▬▬ ▬▬ ▬▬▬▬
ಪತ್ರಕರ್ತ ಪ್ರಕಾಶ ಕುಟುಂಬಕ್ಕೆ 2 ಲಕ್ಷ ರೂ.ಚೆಕ್ ವಿತರಣೆ
ಬಾಗಲಕೋಟೆ: ಜಿಲ್ಲೆಯ ಕಮತಗಿ ಪಟ್ಟಣದ ಪತ್ರಕರ್ತ ಪ್ರಕಾಶ ಗುಳೇದಗುಡ್ಡ ಅವರ ಕುಟುಂಬಕ್ಕೆ ಕಾರ್ಯನಿರತ ಪತ್ರಕರ್ತರ ಸಂಘದಿಂದ 2 ಲಕ್ಷ ರೂ.ಚೆಕ್ ವಿತರಿಸಲಾಯಿತು. ▬▬ ▬▬▬ ▬▬ ▬▬▬▬ ▬▬ ▬▬▬ ▬▬▬▬ ▬▬ ▬▬▬ ▬▬ ▬▬▬▬ ▬▬▬ ▬▬ ▬▬▬ ▬▬▬▬ ▬▬ ▬▬▬ ▬▬ ▬▬▬▬ ▬▬▬ ▬▬ ▬▬▬ ▬▬▬▬ ▬▬ ▬▬▬ ▬▬ ▬▬▬▬ ▬▬▬ ▬▬ ▬▬▬ ▬▬▬▬ ▬▬ ▬▬▬ ▬▬ ▬▬▬▬ ▬▬▬ ▬▬ ▬▬▬ ▬▬▬▬ ▬▬ ▬▬▬ ▬▬ ▬▬▬▬ ▬▬▬ ▬▬ ▬▬▬ ▬▬▬▬ ▬▬ ▬▬▬ ▬▬ ▬▬▬▬ ▬▬▬ ▬▬ ▬▬▬ ▬▬▬▬ ▬▬ ▬▬▬ ▬▬ ▬▬▬▬ ▬▬▬ ▬▬ ▬▬▬ ▬▬▬▬ ▬▬ ▬▬▬ ▬▬ ▬▬▬▬ ▬▬▬ ▬▬ ▬▬▬ ▬▬▬▬ ▬▬ ▬▬▬ ▬▬ ▬▬▬▬ ▬▬▬ ▬▬ ▬▬▬ ▬▬▬▬ ▬▬ ▬▬▬ ▬▬ ▬▬▬▬ ▬▬▬ ▬▬ ▬▬▬ ▬▬▬▬ ▬▬ ▬▬▬ ▬▬ ▬▬▬▬ ▬▬▬ ▬▬ ▬▬▬ ▬▬▬▬ ▬▬ ▬▬▬ ▬▬ ▬▬▬▬ ▬▬▬ ▬▬ ▬▬▬ ▬▬▬▬ ▬▬ ▬▬▬ ▬▬ ▬▬▬▬ ▬▬▬ ▬▬ ▬▬▬ ▬▬▬▬ ▬▬ ▬▬▬ ▬▬ ▬▬▬▬ ▬▬▬ ▬▬ ▬▬▬ ▬▬▬▬ ▬▬ ▬▬▬ ▬▬ ▬▬▬▬ ▬▬▬ ▬▬ ▬▬▬ ▬▬▬▬ ▬▬ ▬▬▬ ▬▬ ▬▬▬▬ ▬▬▬ ▬▬ ▬▬▬ ▬▬▬▬ ▬▬ ▬▬▬ ▬▬ ▬▬▬▬ ▬▬▬ ▬▬ ▬▬▬ ▬▬▬▬ ▬▬ ▬▬▬ ▬▬ ▬▬▬▬ ▬▬▬ ▬▬ ▬▬▬ ▬▬▬▬ ▬▬ ▬▬▬ ▬▬ ▬▬▬▬ ▬▬▬ ▬▬ ▬▬▬ ▬▬▬▬ ▬▬ ▬▬▬ ▬▬ ▬▬▬▬ ▬▬▬ ▬▬ ▬▬▬ ▬▬▬▬ ▬▬ ▬▬▬ ▬▬ ▬▬▬▬ ▬▬▬ ▬▬ ▬▬▬ ▬▬▬▬ ▬▬ ▬▬▬ ▬▬ ▬▬▬▬ ▬▬▬ ▬▬ ▬▬▬ ▬▬▬▬ ▬▬ ▬▬▬ ▬▬ ▬▬▬▬
▬▬ ▬▬▬ ▬▬ ▬▬▬▬ ▬▬ ▬▬▬ ▬▬▬▬ ▬▬ ▬▬▬ ▬▬ ▬▬▬▬ ▬▬▬ ▬▬ ▬▬▬ ▬▬▬▬ ▬▬ ▬▬▬ ▬▬ ▬▬▬▬ ▬▬▬ ▬▬ ▬▬▬ ▬▬▬▬ ▬▬ ▬▬▬ ▬▬ ▬▬▬▬ ▬▬▬ ▬▬ ▬▬▬ ▬▬▬▬ ▬▬ ▬▬▬ ▬▬ ▬▬▬▬ ▬▬▬ ▬▬ ▬▬▬ ▬▬▬▬ ▬▬ ▬▬▬ ▬▬ ▬▬▬▬ ▬▬▬ ▬▬ ▬▬▬ ▬▬▬▬ ▬▬ ▬▬▬ ▬▬ ▬▬▬▬ ▬▬▬ ▬▬ ▬▬▬ ▬▬▬▬ ▬▬ ▬▬▬ ▬▬ ▬▬▬▬ ▬▬▬ ▬▬ ▬▬▬ ▬▬▬▬ ▬▬ ▬▬▬ ▬▬ ▬▬▬▬ ▬▬▬ ▬▬ ▬▬▬ ▬▬▬▬ ▬▬ ▬▬▬ ▬▬ ▬▬▬▬ ▬▬▬ ▬▬ ▬▬▬ ▬▬▬▬ ▬▬ ▬▬▬ ▬▬ ▬▬▬▬ ▬▬▬ ▬▬ ▬▬▬ ▬▬▬▬ ▬▬ ▬▬▬ ▬▬ ▬▬▬▬ ▬▬▬ ▬▬ ▬▬▬ ▬▬▬▬ ▬▬ ▬▬▬ ▬▬ ▬▬▬▬ ▬▬▬ ▬▬ ▬▬▬ ▬▬▬▬ ▬▬ ▬▬▬ ▬▬ ▬▬▬▬ ▬▬▬ ▬▬ ▬▬▬ ▬▬▬▬ ▬▬ ▬▬▬ ▬▬ ▬▬▬▬ ▬▬▬ ▬▬ ▬▬▬ ▬▬▬▬ ▬▬ ▬▬▬ ▬▬ ▬▬▬▬ ▬▬▬ ▬▬ ▬▬▬ ▬▬▬▬ ▬▬ ▬▬▬ ▬▬ ▬▬▬▬ ▬▬▬ ▬▬ ▬▬▬ ▬▬▬▬ ▬▬ ▬▬▬ ▬▬ ▬▬▬▬ ▬▬▬ ▬▬ ▬▬▬ ▬▬▬▬ ▬▬ ▬▬▬ ▬▬ ▬▬▬▬ ▬▬▬ ▬▬ ▬▬▬ ▬▬▬▬ ▬▬ ▬▬▬ ▬▬ ▬▬▬▬ ▬▬▬ ▬▬ ▬▬▬ ▬▬▬▬ ▬▬ ▬▬▬ ▬▬ ▬▬▬▬ ▬▬▬ ▬▬ ▬▬▬ ▬▬▬▬ ▬▬ ▬▬▬ ▬▬ ▬▬▬▬ ▬▬▬ ▬▬ ▬▬▬ ▬▬▬▬ ▬▬ ▬▬▬ ▬▬ ▬▬▬▬ ▬▬▬ ▬▬ ▬▬▬ ▬▬▬▬ ▬▬ ▬▬▬ ▬▬ ▬▬▬▬
▬▬ ▬▬▬ ▬▬ ▬▬▬▬ ▬▬ ▬▬▬ ▬▬▬▬ ▬▬ ▬▬▬ ▬▬ ▬▬▬▬ ▬▬▬ ▬▬ ▬▬▬ ▬▬▬▬ ▬▬ ▬▬▬ ▬▬ ▬▬▬▬ ▬▬▬ ▬▬ ▬▬▬ ▬▬▬▬ ▬▬ ▬▬▬ ▬▬ ▬▬▬▬ ▬▬▬ ▬▬ ▬▬▬ ▬▬▬▬ ▬▬ ▬▬▬ ▬▬ ▬▬▬▬ ▬▬▬ ▬▬ ▬▬▬ ▬▬▬▬ ▬▬ ▬▬▬ ▬▬ ▬▬▬▬ ▬▬▬ ▬▬ ▬▬▬ ▬▬▬▬ ▬▬ ▬▬▬ ▬▬ ▬▬▬▬ ▬▬▬ ▬▬ ▬▬▬ ▬▬▬▬ ▬▬ ▬▬▬ ▬▬ ▬▬▬▬ ▬▬▬ ▬▬ ▬▬▬ ▬▬▬▬ ▬▬ ▬▬▬ ▬▬ ▬▬▬▬ ▬▬▬ ▬▬ ▬▬▬ ▬▬▬▬ ▬▬ ▬▬▬ ▬▬ ▬▬▬▬ ▬▬▬ ▬▬ ▬▬▬ ▬▬▬▬ ▬▬ ▬▬▬ ▬▬ ▬▬▬▬ ▬▬▬ ▬▬ ▬▬▬ ▬▬▬▬ ▬▬ ▬▬▬ ▬▬ ▬▬▬▬ ▬▬▬ ▬▬ ▬▬▬ ▬▬▬▬ ▬▬ ▬▬▬ ▬▬ ▬▬▬▬ ▬▬▬ ▬▬ ▬▬▬ ▬▬▬▬ ▬▬ ▬▬▬ ▬▬ ▬▬▬▬ ▬▬▬ ▬▬ ▬▬▬ ▬▬▬▬ ▬▬ ▬▬▬ ▬▬ ▬▬▬▬ ▬▬▬ ▬▬ ▬▬▬ ▬▬▬▬ ▬▬ ▬▬▬ ▬▬ ▬▬▬▬ ▬▬▬ ▬▬ ▬▬▬ ▬▬▬▬ ▬▬ ▬▬▬ ▬▬ ▬▬▬▬ ▬▬▬ ▬▬ ▬▬▬ ▬▬▬▬ ▬▬ ▬▬▬ ▬▬ ▬▬▬▬ ▬▬▬ ▬▬ ▬▬▬ ▬▬▬▬ ▬▬ ▬▬▬ ▬▬ ▬▬▬▬ ▬▬▬ ▬▬ ▬▬▬ ▬▬▬▬ ▬▬ ▬▬▬ ▬▬ ▬▬▬▬ ▬▬▬ ▬▬ ▬▬▬ ▬▬▬▬ ▬▬ ▬▬▬ ▬▬ ▬▬▬▬ ▬▬▬ ▬▬ ▬▬▬ ▬▬▬▬ ▬▬ ▬▬▬ ▬▬ ▬▬▬▬ ▬▬▬ ▬▬ ▬▬▬ ▬▬▬▬ ▬▬ ▬▬▬ ▬▬ ▬▬▬▬ ▬▬▬ ▬▬ ▬▬▬ ▬▬▬▬ ▬▬ ▬▬▬ ▬▬ ▬▬▬▬
▬▬ ▬▬▬ ▬▬ ▬▬▬▬ ▬▬ ▬▬▬ ▬▬▬▬ ▬▬ ▬▬▬ ▬▬ ▬▬▬▬ ▬▬▬ ▬▬ ▬▬▬ ▬▬▬▬ ▬▬ ▬▬▬ ▬▬ ▬▬▬▬ ▬▬▬ ▬▬ ▬▬▬ ▬▬▬▬ ▬▬ ▬▬▬ ▬▬ ▬▬▬▬ ▬▬▬ ▬▬ ▬▬▬ ▬▬▬▬ ▬▬ ▬▬▬ ▬▬ ▬▬▬▬ ▬▬▬ ▬▬ ▬▬▬ ▬▬▬▬ ▬▬ ▬▬▬ ▬▬ ▬▬▬▬ ▬▬▬ ▬▬ ▬▬▬ ▬▬▬▬ ▬▬ ▬▬▬ ▬▬ ▬▬▬▬ ▬▬▬ ▬▬ ▬▬▬ ▬▬▬▬ ▬▬ ▬▬▬ ▬▬ ▬▬▬▬ ▬▬▬ ▬▬ ▬▬▬ ▬▬▬▬ ▬▬ ▬▬▬ ▬▬ ▬▬▬▬ ▬▬▬ ▬▬ ▬▬▬ ▬▬▬▬ ▬▬ ▬▬▬ ▬▬ ▬▬▬▬ ▬▬▬ ▬▬ ▬▬▬ ▬▬▬▬ ▬▬ ▬▬▬ ▬▬ ▬▬▬▬ ▬▬▬ ▬▬ ▬▬▬ ▬▬▬▬ ▬▬ ▬▬▬ ▬▬ ▬▬▬▬ ▬▬▬ ▬▬ ▬▬▬ ▬▬▬▬ ▬▬ ▬▬▬ ▬▬ ▬▬▬▬ ▬▬▬ ▬▬ ▬▬▬ ▬▬▬▬ ▬▬ ▬▬▬ ▬▬ ▬▬▬▬ ▬▬▬ ▬▬ ▬▬▬ ▬▬▬▬ ▬▬ ▬▬▬ ▬▬ ▬▬▬▬ ▬▬▬ ▬▬ ▬▬▬ ▬▬▬▬ ▬▬ ▬▬▬ ▬▬ ▬▬▬▬ ▬▬▬ ▬▬ ▬▬▬ ▬▬▬▬ ▬▬ ▬▬▬ ▬▬ ▬▬▬▬ ▬▬▬ ▬▬ ▬▬▬ ▬▬▬▬ ▬▬ ▬▬▬ ▬▬ ▬▬▬▬ ▬▬▬ ▬▬ ▬▬▬ ▬▬▬▬ ▬▬ ▬▬▬ ▬▬ ▬▬▬▬ ▬▬▬ ▬▬ ▬▬▬ ▬▬▬▬ ▬▬ ▬▬▬ ▬▬ ▬▬▬▬ ▬▬▬ ▬▬ ▬▬▬ ▬▬▬▬ ▬▬ ▬▬▬ ▬▬ ▬▬▬▬ ▬▬▬ ▬▬ ▬▬▬ ▬▬▬▬ ▬▬ ▬▬▬ ▬▬ ▬▬▬▬ ▬▬▬ ▬▬ ▬▬▬ ▬▬▬▬ ▬▬ ▬▬▬ ▬▬ ▬▬▬▬ ▬▬▬ ▬▬ ▬▬▬ ▬▬▬▬ ▬▬ ▬▬▬ ▬▬ ▬▬▬▬
ಜಿ ಸ್ಕ್ವಾಯರ್ ಮಾಡೆಲ್ ಮನೆಗೆ ಬೆಂಕಿ
ಬಳ್ಳಾರಿ: ಗಂಗಾವತಿ ಶಾಸಕ ಗಾಲಿ ಜನಾರ್ದನ ರೆಡ್ಡಿ ಅವರ ನಿವಾಸದ ಪಕ್ಕದ ಜಿ ಸ್ಕ್ವಾಯರ್ ಮಾಡೆಲ್ ಮನೆಗೆ ಬೆಂಕಿ ಬಿದ್ದಿರುವ ಘಟನೆ ನಡೆದಿದೆ. ▬▬ ▬▬▬ ▬▬ ▬▬▬▬ ▬▬ ▬▬▬ ▬▬▬▬ ▬▬ ▬▬▬ ▬▬ ▬▬▬▬ ▬▬▬ ▬▬ ▬▬▬ ▬▬▬▬ ▬▬ ▬▬▬ ▬▬ ▬▬▬▬ ▬▬▬ ▬▬ ▬▬▬ ▬▬▬▬ ▬▬ ▬▬▬ ▬▬ ▬▬▬▬ ▬▬▬ ▬▬ ▬▬▬ ▬▬▬▬ ▬▬ ▬▬▬ ▬▬ ▬▬▬▬ ▬▬▬ ▬▬ ▬▬▬ ▬▬▬▬ ▬▬ ▬▬▬ ▬▬ ▬▬▬▬ ▬▬▬ ▬▬ ▬▬▬ ▬▬▬▬ ▬▬ ▬▬▬ ▬▬ ▬▬▬▬ ▬▬▬ ▬▬ ▬▬▬ ▬▬▬▬ ▬▬ ▬▬▬ ▬▬ ▬▬▬▬ ▬▬▬ ▬▬ ▬▬▬ ▬▬▬▬ ▬▬ ▬▬▬ ▬▬ ▬▬▬▬ ▬▬▬ ▬▬ ▬▬▬ ▬▬▬▬ ▬▬ ▬▬▬ ▬▬ ▬▬▬▬ ▬▬▬ ▬▬ ▬▬▬ ▬▬▬▬ ▬▬ ▬▬▬ ▬▬ ▬▬▬▬ ▬▬▬ ▬▬ ▬▬▬ ▬▬▬▬ ▬▬ ▬▬▬ ▬▬ ▬▬▬▬ ▬▬▬ ▬▬ ▬▬▬ ▬▬▬▬ ▬▬ ▬▬▬ ▬▬ ▬▬▬▬ ▬▬▬ ▬▬ ▬▬▬ ▬▬▬▬ ▬▬ ▬▬▬ ▬▬ ▬▬▬▬ ▬▬▬ ▬▬ ▬▬▬ ▬▬▬▬ ▬▬ ▬▬▬ ▬▬ ▬▬▬▬ ▬▬▬ ▬▬ ▬▬▬ ▬▬▬▬ ▬▬ ▬▬▬ ▬▬ ▬▬▬▬ ▬▬▬ ▬▬ ▬▬▬ ▬▬▬▬ ▬▬ ▬▬▬ ▬▬ ▬▬▬▬ ▬▬▬ ▬▬ ▬▬▬ ▬▬▬▬ ▬▬ ▬▬▬ ▬▬ ▬▬▬▬ ▬▬▬ ▬▬ ▬▬▬ ▬▬▬▬ ▬▬ ▬▬▬ ▬▬ ▬▬▬▬ ▬▬▬ ▬▬ ▬▬▬ ▬▬▬▬ ▬▬ ▬▬▬ ▬▬ ▬▬▬▬ ▬▬▬ ▬▬ ▬▬▬ ▬▬▬▬ ▬▬ ▬▬▬ ▬▬ ▬▬▬▬ ▬▬▬ ▬▬ ▬▬▬ ▬▬▬▬ ▬▬ ▬▬▬ ▬▬ ▬▬▬▬ ▬▬▬ ▬▬ ▬▬▬ ▬▬▬▬ ▬▬ ▬▬▬ ▬▬ ▬▬▬▬ ▬▬▬ ▬▬ ▬▬▬ ▬▬▬▬ ▬▬ ▬▬▬ ▬▬ ▬▬▬▬
▬▬ ▬▬▬ ▬▬ ▬▬▬▬ ▬▬ ▬▬▬ ▬▬▬▬ ▬▬ ▬▬▬ ▬▬ ▬▬▬▬ ▬▬▬ ▬▬ ▬▬▬ ▬▬▬▬ ▬▬ ▬▬▬ ▬▬ ▬▬▬▬ ▬▬▬ ▬▬ ▬▬▬ ▬▬▬▬ ▬▬ ▬▬▬ ▬▬ ▬▬▬▬ ▬▬▬ ▬▬ ▬▬▬ ▬▬▬▬ ▬▬ ▬▬▬ ▬▬ ▬▬▬▬ ▬▬▬ ▬▬ ▬▬▬ ▬▬▬▬ ▬▬ ▬▬▬ ▬▬ ▬▬▬▬ ▬▬▬ ▬▬ ▬▬▬ ▬▬▬▬ ▬▬ ▬▬▬ ▬▬ ▬▬▬▬ ▬▬▬ ▬▬ ▬▬▬ ▬▬▬▬ ▬▬ ▬▬▬ ▬▬ ▬▬▬▬ ▬▬▬ ▬▬ ▬▬▬ ▬▬▬▬ ▬▬ ▬▬▬ ▬▬ ▬▬▬▬ ▬▬▬ ▬▬ ▬▬▬ ▬▬▬▬ ▬▬ ▬▬▬ ▬▬ ▬▬▬▬ ▬▬▬ ▬▬ ▬▬▬ ▬▬▬▬ ▬▬ ▬▬▬ ▬▬ ▬▬▬▬ ▬▬▬ ▬▬ ▬▬▬ ▬▬▬▬ ▬▬ ▬▬▬ ▬▬ ▬▬▬▬ ▬▬▬ ▬▬ ▬▬▬ ▬▬▬▬ ▬▬ ▬▬▬ ▬▬ ▬▬▬▬ ▬▬▬ ▬▬ ▬▬▬ ▬▬▬▬ ▬▬ ▬▬▬ ▬▬ ▬▬▬▬ ▬▬▬ ▬▬ ▬▬▬ ▬▬▬▬ ▬▬ ▬▬▬ ▬▬ ▬▬▬▬ ▬▬▬ ▬▬ ▬▬▬ ▬▬▬▬ ▬▬ ▬▬▬ ▬▬ ▬▬▬▬ ▬▬▬ ▬▬ ▬▬▬ ▬▬▬▬ ▬▬ ▬▬▬ ▬▬ ▬▬▬▬ ▬▬▬ ▬▬ ▬▬▬ ▬▬▬▬ ▬▬ ▬▬▬ ▬▬ ▬▬▬▬ ▬▬▬ ▬▬ ▬▬▬ ▬▬▬▬ ▬▬ ▬▬▬ ▬▬ ▬▬▬▬ ▬▬▬ ▬▬ ▬▬▬ ▬▬▬▬ ▬▬ ▬▬▬ ▬▬ ▬▬▬▬ ▬▬▬ ▬▬ ▬▬▬ ▬▬▬▬ ▬▬ ▬▬▬ ▬▬ ▬▬▬▬ ▬▬▬ ▬▬ ▬▬▬ ▬▬▬▬ ▬▬ ▬▬▬ ▬▬ ▬▬▬▬ ▬▬▬ ▬▬ ▬▬▬ ▬▬▬▬ ▬▬ ▬▬▬ ▬▬ ▬▬▬▬ ▬▬▬ ▬▬ ▬▬▬ ▬▬▬▬ ▬▬ ▬▬▬ ▬▬ ▬▬▬▬
▬▬ ▬▬▬ ▬▬ ▬▬▬▬ ▬▬ ▬▬▬ ▬▬▬▬ ▬▬ ▬▬▬ ▬▬ ▬▬▬▬ ▬▬▬ ▬▬ ▬▬▬ ▬▬▬▬ ▬▬ ▬▬▬ ▬▬ ▬▬▬▬ ▬▬▬ ▬▬ ▬▬▬ ▬▬▬▬ ▬▬ ▬▬▬ ▬▬ ▬▬▬▬ ▬▬▬ ▬▬ ▬▬▬ ▬▬▬▬ ▬▬ ▬▬▬ ▬▬ ▬▬▬▬ ▬▬▬ ▬▬ ▬▬▬ ▬▬▬▬ ▬▬ ▬▬▬ ▬▬ ▬▬▬▬ ▬▬▬ ▬▬ ▬▬▬ ▬▬▬▬ ▬▬ ▬▬▬ ▬▬ ▬▬▬▬ ▬▬▬ ▬▬ ▬▬▬ ▬▬▬▬ ▬▬ ▬▬▬ ▬▬ ▬▬▬▬ ▬▬▬ ▬▬ ▬▬▬ ▬▬▬▬ ▬▬ ▬▬▬ ▬▬ ▬▬▬▬ ▬▬▬ ▬▬ ▬▬▬ ▬▬▬▬ ▬▬ ▬▬▬ ▬▬ ▬▬▬▬ ▬▬▬ ▬▬ ▬▬▬ ▬▬▬▬ ▬▬ ▬▬▬ ▬▬ ▬▬▬▬ ▬▬▬ ▬▬ ▬▬▬ ▬▬▬▬ ▬▬ ▬▬▬ ▬▬ ▬▬▬▬ ▬▬▬ ▬▬ ▬▬▬ ▬▬▬▬ ▬▬ ▬▬▬ ▬▬ ▬▬▬▬ ▬▬▬ ▬▬ ▬▬▬ ▬▬▬▬ ▬▬ ▬▬▬ ▬▬ ▬▬▬▬ ▬▬▬ ▬▬ ▬▬▬ ▬▬▬▬ ▬▬ ▬▬▬ ▬▬ ▬▬▬▬ ▬▬▬ ▬▬ ▬▬▬ ▬▬▬▬ ▬▬ ▬▬▬ ▬▬ ▬▬▬▬ ▬▬▬ ▬▬ ▬▬▬ ▬▬▬▬ ▬▬ ▬▬▬ ▬▬ ▬▬▬▬ ▬▬▬ ▬▬ ▬▬▬ ▬▬▬▬ ▬▬ ▬▬▬ ▬▬ ▬▬▬▬ ▬▬▬ ▬▬ ▬▬▬ ▬▬▬▬ ▬▬ ▬▬▬ ▬▬ ▬▬▬▬ ▬▬▬ ▬▬ ▬▬▬ ▬▬▬▬ ▬▬ ▬▬▬ ▬▬ ▬▬▬▬ ▬▬▬ ▬▬ ▬▬▬ ▬▬▬▬ ▬▬ ▬▬▬ ▬▬ ▬▬▬▬ ▬▬▬ ▬▬ ▬▬▬ ▬▬▬▬ ▬▬ ▬▬▬ ▬▬ ▬▬▬▬ ▬▬▬ ▬▬ ▬▬▬ ▬▬▬▬ ▬▬ ▬▬▬ ▬▬ ▬▬▬▬ ▬▬▬ ▬▬ ▬▬▬ ▬▬▬▬ ▬▬ ▬▬▬ ▬▬ ▬▬▬▬
▬▬ ▬▬▬ ▬▬ ▬▬▬▬ ▬▬ ▬▬▬ ▬▬▬▬ ▬▬ ▬▬▬ ▬▬ ▬▬▬▬ ▬▬▬ ▬▬ ▬▬▬ ▬▬▬▬ ▬▬ ▬▬▬ ▬▬ ▬▬▬▬ ▬▬▬ ▬▬ ▬▬▬ ▬▬▬▬ ▬▬ ▬▬▬ ▬▬ ▬▬▬▬ ▬▬▬ ▬▬ ▬▬▬ ▬▬▬▬ ▬▬ ▬▬▬ ▬▬ ▬▬▬▬ ▬▬▬ ▬▬ ▬▬▬ ▬▬▬▬ ▬▬ ▬▬▬ ▬▬ ▬▬▬▬ ▬▬▬ ▬▬ ▬▬▬ ▬▬▬▬ ▬▬ ▬▬▬ ▬▬ ▬▬▬▬ ▬▬▬ ▬▬ ▬▬▬ ▬▬▬▬ ▬▬ ▬▬▬ ▬▬ ▬▬▬▬ ▬▬▬ ▬▬ ▬▬▬ ▬▬▬▬ ▬▬ ▬▬▬ ▬▬ ▬▬▬▬ ▬▬▬ ▬▬ ▬▬▬ ▬▬▬▬ ▬▬ ▬▬▬ ▬▬ ▬▬▬▬ ▬▬▬ ▬▬ ▬▬▬ ▬▬▬▬ ▬▬ ▬▬▬ ▬▬ ▬▬▬▬ ▬▬▬ ▬▬ ▬▬▬ ▬▬▬▬ ▬▬ ▬▬▬ ▬▬ ▬▬▬▬ ▬▬▬ ▬▬ ▬▬▬ ▬▬▬▬ ▬▬ ▬▬▬ ▬▬ ▬▬▬▬ ▬▬▬ ▬▬ ▬▬▬ ▬▬▬▬ ▬▬ ▬▬▬ ▬▬ ▬▬▬▬ ▬▬▬ ▬▬ ▬▬▬ ▬▬▬▬ ▬▬ ▬▬▬ ▬▬ ▬▬▬▬ ▬▬▬ ▬▬ ▬▬▬ ▬▬▬▬ ▬▬ ▬▬▬ ▬▬ ▬▬▬▬ ▬▬▬ ▬▬ ▬▬▬ ▬▬▬▬ ▬▬ ▬▬▬ ▬▬ ▬▬▬▬ ▬▬▬ ▬▬ ▬▬▬ ▬▬▬▬ ▬▬ ▬▬▬ ▬▬ ▬▬▬▬ ▬▬▬ ▬▬ ▬▬▬ ▬▬▬▬ ▬▬ ▬▬▬ ▬▬ ▬▬▬▬ ▬▬▬ ▬▬ ▬▬▬ ▬▬▬▬ ▬▬ ▬▬▬ ▬▬ ▬▬▬▬ ▬▬▬ ▬▬ ▬▬▬ ▬▬▬▬ ▬▬ ▬▬▬ ▬▬ ▬▬▬▬ ▬▬▬ ▬▬ ▬▬▬ ▬▬▬▬ ▬▬ ▬▬▬ ▬▬ ▬▬▬▬ ▬▬▬ ▬▬ ▬▬▬ ▬▬▬▬ ▬▬ ▬▬▬ ▬▬ ▬▬▬▬ ▬▬▬ ▬▬ ▬▬▬ ▬▬▬▬ ▬▬ ▬▬▬ ▬▬ ▬▬▬▬
ಭರತ್ ರೆಡ್ಡಿ ಬೆಂಬಲಿಗರೇ ಬೆಂಕಿ ಹಚ್ಚಿದ್ದು: ಸೋಮಶೇಖರ್ ರೆಡ್ಡಿ
ಬಳ್ಳಾರಿ: ನಗರದ ಗಾಲಿ ಜನಾರ್ದನ ರೆಡ್ಡಿ ಒಡೆತನದ ರುಕ್ಮಿಣಮ್ಮ ಬಡಾವಣೆಯ ಮಾಡೆಲ್ ಮನೆಗೆ ಬೆಂಕಿ ಹಚ್ಚಿರುವುದು ಭರತ್ ರೆಡ್ಡಿ ಬೆಂಬಲಿಗರೇ ಎಂದು ಮಾಜಿ ಶಾಸಕ ಸೋಮಶೇಖರ್ ರೆಡ್ಡಿ ಆರೋಪಿಸಿದರು. ▬▬ ▬▬▬ ▬▬ ▬▬▬▬ ▬▬ ▬▬▬ ▬▬▬▬ ▬▬ ▬▬▬ ▬▬ ▬▬▬▬ ▬▬▬ ▬▬ ▬▬▬ ▬▬▬▬ ▬▬ ▬▬▬ ▬▬ ▬▬▬▬ ▬▬▬ ▬▬ ▬▬▬ ▬▬▬▬ ▬▬ ▬▬▬ ▬▬ ▬▬▬▬ ▬▬▬ ▬▬ ▬▬▬ ▬▬▬▬ ▬▬ ▬▬▬ ▬▬ ▬▬▬▬ ▬▬▬ ▬▬ ▬▬▬ ▬▬▬▬ ▬▬ ▬▬▬ ▬▬ ▬▬▬▬ ▬▬▬ ▬▬ ▬▬▬ ▬▬▬▬ ▬▬ ▬▬▬ ▬▬ ▬▬▬▬ ▬▬▬ ▬▬ ▬▬▬ ▬▬▬▬ ▬▬ ▬▬▬ ▬▬ ▬▬▬▬ ▬▬▬ ▬▬ ▬▬▬ ▬▬▬▬ ▬▬ ▬▬▬ ▬▬ ▬▬▬▬ ▬▬▬ ▬▬ ▬▬▬ ▬▬▬▬ ▬▬ ▬▬▬ ▬▬ ▬▬▬▬ ▬▬▬ ▬▬ ▬▬▬ ▬▬▬▬ ▬▬ ▬▬▬ ▬▬ ▬▬▬▬ ▬▬▬ ▬▬ ▬▬▬ ▬▬▬▬ ▬▬ ▬▬▬ ▬▬ ▬▬▬▬ ▬▬▬ ▬▬ ▬▬▬ ▬▬▬▬ ▬▬ ▬▬▬ ▬▬ ▬▬▬▬ ▬▬▬ ▬▬ ▬▬▬ ▬▬▬▬ ▬▬ ▬▬▬ ▬▬ ▬▬▬▬ ▬▬▬ ▬▬ ▬▬▬ ▬▬▬▬ ▬▬ ▬▬▬ ▬▬ ▬▬▬▬ ▬▬▬ ▬▬ ▬▬▬ ▬▬▬▬ ▬▬ ▬▬▬ ▬▬ ▬▬▬▬ ▬▬▬ ▬▬ ▬▬▬ ▬▬▬▬ ▬▬ ▬▬▬ ▬▬ ▬▬▬▬ ▬▬▬ ▬▬ ▬▬▬ ▬▬▬▬ ▬▬ ▬▬▬ ▬▬ ▬▬▬▬ ▬▬▬ ▬▬ ▬▬▬ ▬▬▬▬ ▬▬ ▬▬▬ ▬▬ ▬▬▬▬ ▬▬▬ ▬▬ ▬▬▬ ▬▬▬▬ ▬▬ ▬▬▬ ▬▬ ▬▬▬▬ ▬▬▬ ▬▬ ▬▬▬ ▬▬▬▬ ▬▬ ▬▬▬ ▬▬ ▬▬▬▬ ▬▬▬ ▬▬ ▬▬▬ ▬▬▬▬ ▬▬ ▬▬▬ ▬▬ ▬▬▬▬ ▬▬▬ ▬▬ ▬▬▬ ▬▬▬▬ ▬▬ ▬▬▬ ▬▬ ▬▬▬▬ ▬▬▬ ▬▬ ▬▬▬ ▬▬▬▬ ▬▬ ▬▬▬ ▬▬ ▬▬▬▬
▬▬ ▬▬▬ ▬▬ ▬▬▬▬ ▬▬ ▬▬▬ ▬▬▬▬ ▬▬ ▬▬▬ ▬▬ ▬▬▬▬ ▬▬▬ ▬▬ ▬▬▬ ▬▬▬▬ ▬▬ ▬▬▬ ▬▬ ▬▬▬▬ ▬▬▬ ▬▬ ▬▬▬ ▬▬▬▬ ▬▬ ▬▬▬ ▬▬ ▬▬▬▬ ▬▬▬ ▬▬ ▬▬▬ ▬▬▬▬ ▬▬ ▬▬▬ ▬▬ ▬▬▬▬ ▬▬▬ ▬▬ ▬▬▬ ▬▬▬▬ ▬▬ ▬▬▬ ▬▬ ▬▬▬▬ ▬▬▬ ▬▬ ▬▬▬ ▬▬▬▬ ▬▬ ▬▬▬ ▬▬ ▬▬▬▬ ▬▬▬ ▬▬ ▬▬▬ ▬▬▬▬ ▬▬ ▬▬▬ ▬▬ ▬▬▬▬ ▬▬▬ ▬▬ ▬▬▬ ▬▬▬▬ ▬▬ ▬▬▬ ▬▬ ▬▬▬▬ ▬▬▬ ▬▬ ▬▬▬ ▬▬▬▬ ▬▬ ▬▬▬ ▬▬ ▬▬▬▬ ▬▬▬ ▬▬ ▬▬▬ ▬▬▬▬ ▬▬ ▬▬▬ ▬▬ ▬▬▬▬ ▬▬▬ ▬▬ ▬▬▬ ▬▬▬▬ ▬▬ ▬▬▬ ▬▬ ▬▬▬▬ ▬▬▬ ▬▬ ▬▬▬ ▬▬▬▬ ▬▬ ▬▬▬ ▬▬ ▬▬▬▬ ▬▬▬ ▬▬ ▬▬▬ ▬▬▬▬ ▬▬ ▬▬▬ ▬▬ ▬▬▬▬ ▬▬▬ ▬▬ ▬▬▬ ▬▬▬▬ ▬▬ ▬▬▬ ▬▬ ▬▬▬▬ ▬▬▬ ▬▬ ▬▬▬ ▬▬▬▬ ▬▬ ▬▬▬ ▬▬ ▬▬▬▬ ▬▬▬ ▬▬ ▬▬▬ ▬▬▬▬ ▬▬ ▬▬▬ ▬▬ ▬▬▬▬ ▬▬▬ ▬▬ ▬▬▬ ▬▬▬▬ ▬▬ ▬▬▬ ▬▬ ▬▬▬▬ ▬▬▬ ▬▬ ▬▬▬ ▬▬▬▬ ▬▬ ▬▬▬ ▬▬ ▬▬▬▬ ▬▬▬ ▬▬ ▬▬▬ ▬▬▬▬ ▬▬ ▬▬▬ ▬▬ ▬▬▬▬ ▬▬▬ ▬▬ ▬▬▬ ▬▬▬▬ ▬▬ ▬▬▬ ▬▬ ▬▬▬▬ ▬▬▬ ▬▬ ▬▬▬ ▬▬▬▬ ▬▬ ▬▬▬ ▬▬ ▬▬▬▬ ▬▬▬ ▬▬ ▬▬▬ ▬▬▬▬ ▬▬ ▬▬▬ ▬▬ ▬▬▬▬ ▬▬▬ ▬▬ ▬▬▬ ▬▬▬▬ ▬▬ ▬▬▬ ▬▬ ▬▬▬▬
▬▬ ▬▬▬ ▬▬ ▬▬▬▬ ▬▬ ▬▬▬ ▬▬▬▬ ▬▬ ▬▬▬ ▬▬ ▬▬▬▬ ▬▬▬ ▬▬ ▬▬▬ ▬▬▬▬ ▬▬ ▬▬▬ ▬▬ ▬▬▬▬ ▬▬▬ ▬▬ ▬▬▬ ▬▬▬▬ ▬▬ ▬▬▬ ▬▬ ▬▬▬▬ ▬▬▬ ▬▬ ▬▬▬ ▬▬▬▬ ▬▬ ▬▬▬ ▬▬ ▬▬▬▬ ▬▬▬ ▬▬ ▬▬▬ ▬▬▬▬ ▬▬ ▬▬▬ ▬▬ ▬▬▬▬ ▬▬▬ ▬▬ ▬▬▬ ▬▬▬▬ ▬▬ ▬▬▬ ▬▬ ▬▬▬▬ ▬▬▬ ▬▬ ▬▬▬ ▬▬▬▬ ▬▬ ▬▬▬ ▬▬ ▬▬▬▬ ▬▬▬ ▬▬ ▬▬▬ ▬▬▬▬ ▬▬ ▬▬▬ ▬▬ ▬▬▬▬ ▬▬▬ ▬▬ ▬▬▬ ▬▬▬▬ ▬▬ ▬▬▬ ▬▬ ▬▬▬▬ ▬▬▬ ▬▬ ▬▬▬ ▬▬▬▬ ▬▬ ▬▬▬ ▬▬ ▬▬▬▬ ▬▬▬ ▬▬ ▬▬▬ ▬▬▬▬ ▬▬ ▬▬▬ ▬▬ ▬▬▬▬ ▬▬▬ ▬▬ ▬▬▬ ▬▬▬▬ ▬▬ ▬▬▬ ▬▬ ▬▬▬▬ ▬▬▬ ▬▬ ▬▬▬ ▬▬▬▬ ▬▬ ▬▬▬ ▬▬ ▬▬▬▬ ▬▬▬ ▬▬ ▬▬▬ ▬▬▬▬ ▬▬ ▬▬▬ ▬▬ ▬▬▬▬ ▬▬▬ ▬▬ ▬▬▬ ▬▬▬▬ ▬▬ ▬▬▬ ▬▬ ▬▬▬▬ ▬▬▬ ▬▬ ▬▬▬ ▬▬▬▬ ▬▬ ▬▬▬ ▬▬ ▬▬▬▬ ▬▬▬ ▬▬ ▬▬▬ ▬▬▬▬ ▬▬ ▬▬▬ ▬▬ ▬▬▬▬ ▬▬▬ ▬▬ ▬▬▬ ▬▬▬▬ ▬▬ ▬▬▬ ▬▬ ▬▬▬▬ ▬▬▬ ▬▬ ▬▬▬ ▬▬▬▬ ▬▬ ▬▬▬ ▬▬ ▬▬▬▬ ▬▬▬ ▬▬ ▬▬▬ ▬▬▬▬ ▬▬ ▬▬▬ ▬▬ ▬▬▬▬ ▬▬▬ ▬▬ ▬▬▬ ▬▬▬▬ ▬▬ ▬▬▬ ▬▬ ▬▬▬▬ ▬▬▬ ▬▬ ▬▬▬ ▬▬▬▬ ▬▬ ▬▬▬ ▬▬ ▬▬▬▬ ▬▬▬ ▬▬ ▬▬▬ ▬▬▬▬ ▬▬ ▬▬▬ ▬▬ ▬▬▬▬
